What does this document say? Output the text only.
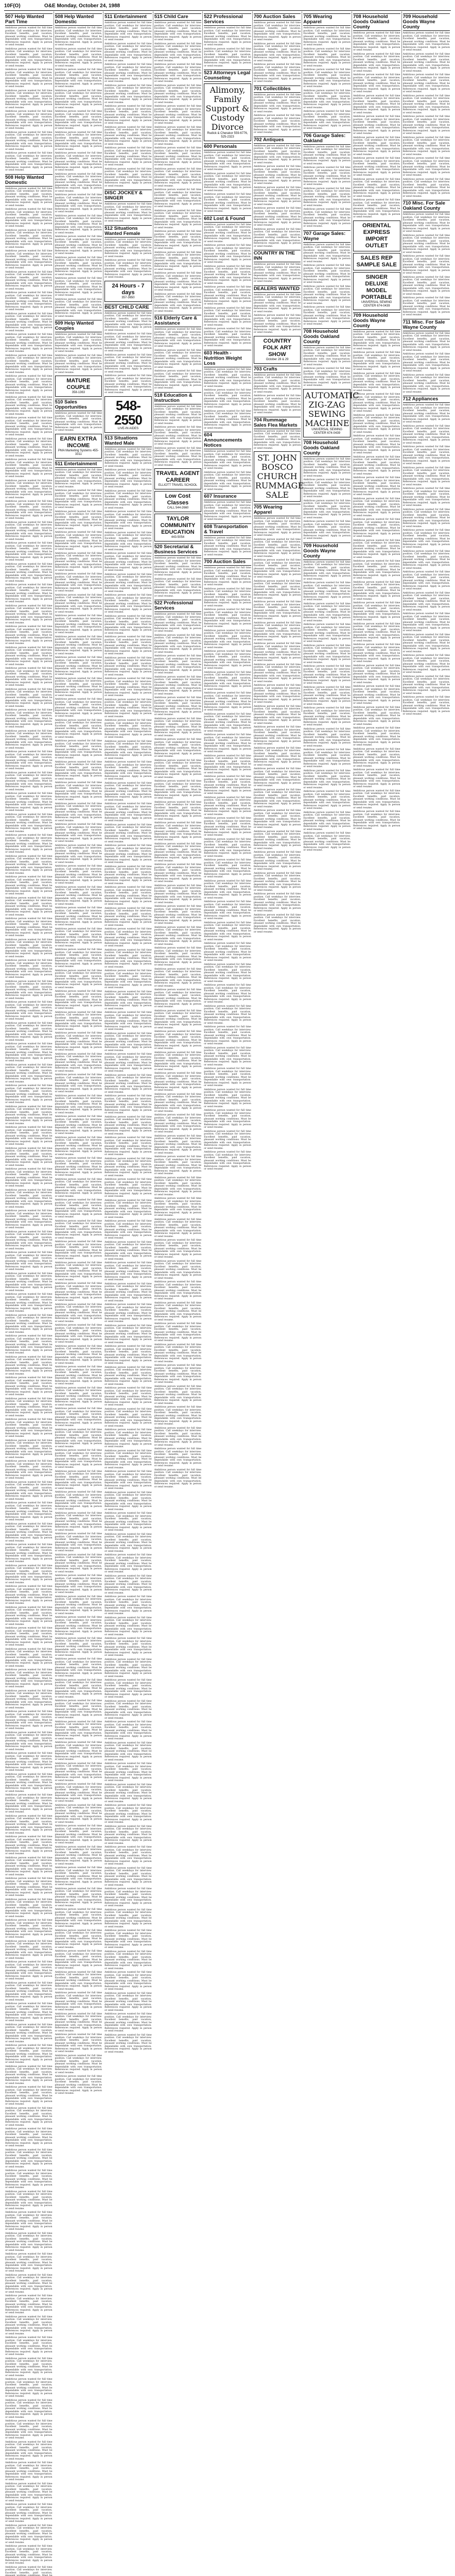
10F(O)	O&E Monday, October 24, 1988
507 Help Wanted Part Time
Ambitious person wanted for full time position. Call weekdays for interview. Excellent benefits, paid vacation, pleasant working conditions. Must be dependable with own transportation. References required. Apply in person or send resume.
Ambitious person wanted for full time position. Call weekdays for interview. Excellent benefits, paid vacation, pleasant working conditions. Must be dependable with own transportation. References required. Apply in person or send resume.
Ambitious person wanted for full time position. Call weekdays for interview. Excellent benefits, paid vacation, pleasant working conditions. Must be dependable with own transportation. References required. Apply in person or send resume.
Ambitious person wanted for full time position. Call weekdays for interview. Excellent benefits, paid vacation, pleasant working conditions. Must be dependable with own transportation. References required. Apply in person or send resume.
Ambitious person wanted for full time position. Call weekdays for interview. Excellent benefits, paid vacation, pleasant working conditions. Must be dependable with own transportation. References required. Apply in person or send resume.
Ambitious person wanted for full time position. Call weekdays for interview. Excellent benefits, paid vacation, pleasant working conditions. Must be dependable with own transportation. References required. Apply in person or send resume.
Ambitious person wanted for full time position. Call weekdays for interview. Excellent benefits, paid vacation, pleasant working conditions. Must be dependable with own transportation. References required. Apply in person or send resume.
508 Help Wanted Domestic
Ambitious person wanted for full time position. Call weekdays for interview. Excellent benefits, paid vacation, pleasant working conditions. Must be dependable with own transportation. References required. Apply in person or send resume.
Ambitious person wanted for full time position. Call weekdays for interview. Excellent benefits, paid vacation, pleasant working conditions. Must be dependable with own transportation. References required. Apply in person or send resume.
Ambitious person wanted for full time position. Call weekdays for interview. Excellent benefits, paid vacation, pleasant working conditions. Must be dependable with own transportation. References required. Apply in person or send resume.
Ambitious person wanted for full time position. Call weekdays for interview. Excellent benefits, paid vacation, pleasant working conditions. Must be dependable with own transportation. References required. Apply in person or send resume.
Ambitious person wanted for full time position. Call weekdays for interview. Excellent benefits, paid vacation, pleasant working conditions. Must be dependable with own transportation. References required. Apply in person or send resume.
Ambitious person wanted for full time position. Call weekdays for interview. Excellent benefits, paid vacation, pleasant working conditions. Must be dependable with own transportation. References required. Apply in person or send resume.
Ambitious person wanted for full time position. Call weekdays for interview. Excellent benefits, paid vacation, pleasant working conditions. Must be dependable with own transportation. References required. Apply in person or send resume.
Ambitious person wanted for full time position. Call weekdays for interview. Excellent benefits, paid vacation, pleasant working conditions. Must be dependable with own transportation. References required. Apply in person or send resume.
Ambitious person wanted for full time position. Call weekdays for interview. Excellent benefits, paid vacation, pleasant working conditions. Must be dependable with own transportation. References required. Apply in person or send resume.
Ambitious person wanted for full time position. Call weekdays for interview. Excellent benefits, paid vacation, pleasant working conditions. Must be dependable with own transportation. References required. Apply in person or send resume.
Ambitious person wanted for full time position. Call weekdays for interview. Excellent benefits, paid vacation, pleasant working conditions. Must be dependable with own transportation. References required. Apply in person or send resume.
Ambitious person wanted for full time position. Call weekdays for interview. Excellent benefits, paid vacation, pleasant working conditions. Must be dependable with own transportation. References required. Apply in person or send resume.
Ambitious person wanted for full time position. Call weekdays for interview. Excellent benefits, paid vacation, pleasant working conditions. Must be dependable with own transportation. References required. Apply in person or send resume.
Ambitious person wanted for full time position. Call weekdays for interview. Excellent benefits, paid vacation, pleasant working conditions. Must be dependable with own transportation. References required. Apply in person or send resume.
Ambitious person wanted for full time position. Call weekdays for interview. Excellent benefits, paid vacation, pleasant working conditions. Must be dependable with own transportation. References required. Apply in person or send resume.
Ambitious person wanted for full time position. Call weekdays for interview. Excellent benefits, paid vacation, pleasant working conditions. Must be dependable with own transportation. References required. Apply in person or send resume.
Ambitious person wanted for full time position. Call weekdays for interview. Excellent benefits, paid vacation, pleasant working conditions. Must be dependable with own transportation. References required. Apply in person or send resume.
Ambitious person wanted for full time position. Call weekdays for interview. Excellent benefits, paid vacation, pleasant working conditions. Must be dependable with own transportation. References required. Apply in person or send resume.
Ambitious person wanted for full time position. Call weekdays for interview. Excellent benefits, paid vacation, pleasant working conditions. Must be dependable with own transportation. References required. Apply in person or send resume.
Ambitious person wanted for full time position. Call weekdays for interview. Excellent benefits, paid vacation, pleasant working conditions. Must be dependable with own transportation. References required. Apply in person or send resume.
Ambitious person wanted for full time position. Call weekdays for interview. Excellent benefits, paid vacation, pleasant working conditions. Must be dependable with own transportation. References required. Apply in person or send resume.
Ambitious person wanted for full time position. Call weekdays for interview. Excellent benefits, paid vacation, pleasant working conditions. Must be dependable with own transportation. References required. Apply in person or send resume.
Ambitious person wanted for full time position. Call weekdays for interview. Excellent benefits, paid vacation, pleasant working conditions. Must be dependable with own transportation. References required. Apply in person or send resume.
Ambitious person wanted for full time position. Call weekdays for interview. Excellent benefits, paid vacation, pleasant working conditions. Must be dependable with own transportation. References required. Apply in person or send resume.
Ambitious person wanted for full time position. Call weekdays for interview. Excellent benefits, paid vacation, pleasant working conditions. Must be dependable with own transportation. References required. Apply in person or send resume.
Ambitious person wanted for full time position. Call weekdays for interview. Excellent benefits, paid vacation, pleasant working conditions. Must be dependable with own transportation. References required. Apply in person or send resume.
Ambitious person wanted for full time position. Call weekdays for interview. Excellent benefits, paid vacation, pleasant working conditions. Must be dependable with own transportation. References required. Apply in person or send resume.
Ambitious person wanted for full time position. Call weekdays for interview. Excellent benefits, paid vacation, pleasant working conditions. Must be dependable with own transportation. References required. Apply in person or send resume.
Ambitious person wanted for full time position. Call weekdays for interview. Excellent benefits, paid vacation, pleasant working conditions. Must be dependable with own transportation. References required. Apply in person or send resume.
Ambitious person wanted for full time position. Call weekdays for interview. Excellent benefits, paid vacation, pleasant working conditions. Must be dependable with own transportation. References required. Apply in person or send resume.
Ambitious person wanted for full time position. Call weekdays for interview. Excellent benefits, paid vacation, pleasant working conditions. Must be dependable with own transportation. References required. Apply in person or send resume.
Ambitious person wanted for full time position. Call weekdays for interview. Excellent benefits, paid vacation, pleasant working conditions. Must be dependable with own transportation. References required. Apply in person or send resume.
Ambitious person wanted for full time position. Call weekdays for interview. Excellent benefits, paid vacation, pleasant working conditions. Must be dependable with own transportation. References required. Apply in person or send resume.
Ambitious person wanted for full time position. Call weekdays for interview. Excellent benefits, paid vacation, pleasant working conditions. Must be dependable with own transportation. References required. Apply in person or send resume.
Ambitious person wanted for full time position. Call weekdays for interview. Excellent benefits, paid vacation, pleasant working conditions. Must be dependable with own transportation. References required. Apply in person or send resume.
Ambitious person wanted for full time position. Call weekdays for interview. Excellent benefits, paid vacation, pleasant working conditions. Must be dependable with own transportation. References required. Apply in person or send resume.
Ambitious person wanted for full time position. Call weekdays for interview. Excellent benefits, paid vacation, pleasant working conditions. Must be dependable with own transportation. References required. Apply in person or send resume.
Ambitious person wanted for full time position. Call weekdays for interview. Excellent benefits, paid vacation, pleasant working conditions. Must be dependable with own transportation. References required. Apply in person or send resume.
Ambitious person wanted for full time position. Call weekdays for interview. Excellent benefits, paid vacation, pleasant working conditions. Must be dependable with own transportation. References required. Apply in person or send resume.
Ambitious person wanted for full time position. Call weekdays for interview. Excellent benefits, paid vacation, pleasant working conditions. Must be dependable with own transportation. References required. Apply in person or send resume.
Ambitious person wanted for full time position. Call weekdays for interview. Excellent benefits, paid vacation, pleasant working conditions. Must be dependable with own transportation. References required. Apply in person or send resume.
Ambitious person wanted for full time position. Call weekdays for interview. Excellent benefits, paid vacation, pleasant working conditions. Must be dependable with own transportation. References required. Apply in person or send resume.
Ambitious person wanted for full time position. Call weekdays for interview. Excellent benefits, paid vacation, pleasant working conditions. Must be dependable with own transportation. References required. Apply in person or send resume.
Ambitious person wanted for full time position. Call weekdays for interview. Excellent benefits, paid vacation, pleasant working conditions. Must be dependable with own transportation. References required. Apply in person or send resume.
Ambitious person wanted for full time position. Call weekdays for interview. Excellent benefits, paid vacation, pleasant working conditions. Must be dependable with own transportation. References required. Apply in person or send resume.
Ambitious person wanted for full time position. Call weekdays for interview. Excellent benefits, paid vacation, pleasant working conditions. Must be dependable with own transportation. References required. Apply in person or send resume.
Ambitious person wanted for full time position. Call weekdays for interview. Excellent benefits, paid vacation, pleasant working conditions. Must be dependable with own transportation. References required. Apply in person or send resume.
Ambitious person wanted for full time position. Call weekdays for interview. Excellent benefits, paid vacation, pleasant working conditions. Must be dependable with own transportation. References required. Apply in person or send resume.
Ambitious person wanted for full time position. Call weekdays for interview. Excellent benefits, paid vacation, pleasant working conditions. Must be dependable with own transportation. References required. Apply in person or send resume.
Ambitious person wanted for full time position. Call weekdays for interview. Excellent benefits, paid vacation, pleasant working conditions. Must be dependable with own transportation. References required. Apply in person or send resume.
Ambitious person wanted for full time position. Call weekdays for interview. Excellent benefits, paid vacation, pleasant working conditions. Must be dependable with own transportation. References required. Apply in person or send resume.
Ambitious person wanted for full time position. Call weekdays for interview. Excellent benefits, paid vacation, pleasant working conditions. Must be dependable with own transportation. References required. Apply in person or send resume.
Ambitious person wanted for full time position. Call weekdays for interview. Excellent benefits, paid vacation, pleasant working conditions. Must be dependable with own transportation. References required. Apply in person or send resume.
Ambitious person wanted for full time position. Call weekdays for interview. Excellent benefits, paid vacation, pleasant working conditions. Must be dependable with own transportation. References required. Apply in person or send resume.
Ambitious person wanted for full time position. Call weekdays for interview. Excellent benefits, paid vacation, pleasant working conditions. Must be dependable with own transportation. References required. Apply in person or send resume.
Ambitious person wanted for full time position. Call weekdays for interview. Excellent benefits, paid vacation, pleasant working conditions. Must be dependable with own transportation. References required. Apply in person or send resume.
Ambitious person wanted for full time position. Call weekdays for interview. Excellent benefits, paid vacation, pleasant working conditions. Must be dependable with own transportation. References required. Apply in person or send resume.
Ambitious person wanted for full time position. Call weekdays for interview. Excellent benefits, paid vacation, pleasant working conditions. Must be dependable with own transportation. References required. Apply in person or send resume.
Ambitious person wanted for full time position. Call weekdays for interview. Excellent benefits, paid vacation, pleasant working conditions. Must be dependable with own transportation. References required. Apply in person or send resume.
Ambitious person wanted for full time position. Call weekdays for interview. Excellent benefits, paid vacation, pleasant working conditions. Must be dependable with own transportation. References required. Apply in person or send resume.
Ambitious person wanted for full time position. Call weekdays for interview. Excellent benefits, paid vacation, pleasant working conditions. Must be dependable with own transportation. References required. Apply in person or send resume.
Ambitious person wanted for full time position. Call weekdays for interview. Excellent benefits, paid vacation, pleasant working conditions. Must be dependable with own transportation. References required. Apply in person or send resume.
Ambitious person wanted for full time position. Call weekdays for interview. Excellent benefits, paid vacation, pleasant working conditions. Must be dependable with own transportation. References required. Apply in person or send resume.
Ambitious person wanted for full time position. Call weekdays for interview. Excellent benefits, paid vacation, pleasant working conditions. Must be dependable with own transportation. References required. Apply in person or send resume.
Ambitious person wanted for full time position. Call weekdays for interview. Excellent benefits, paid vacation, pleasant working conditions. Must be dependable with own transportation. References required. Apply in person or send resume.
Ambitious person wanted for full time position. Call weekdays for interview. Excellent benefits, paid vacation, pleasant working conditions. Must be dependable with own transportation. References required. Apply in person or send resume.
Ambitious person wanted for full time position. Call weekdays for interview. Excellent benefits, paid vacation, pleasant working conditions. Must be dependable with own transportation. References required. Apply in person or send resume.
Ambitious person wanted for full time position. Call weekdays for interview. Excellent benefits, paid vacation, pleasant working conditions. Must be dependable with own transportation. References required. Apply in person or send resume.
Ambitious person wanted for full time position. Call weekdays for interview. Excellent benefits, paid vacation, pleasant working conditions. Must be dependable with own transportation. References required. Apply in person or send resume.
Ambitious person wanted for full time position. Call weekdays for interview. Excellent benefits, paid vacation, pleasant working conditions. Must be dependable with own transportation. References required. Apply in person or send resume.
Ambitious person wanted for full time position. Call weekdays for interview. Excellent benefits, paid vacation, pleasant working conditions. Must be dependable with own transportation. References required. Apply in person or send resume.
Ambitious person wanted for full time position. Call weekdays for interview. Excellent benefits, paid vacation, pleasant working conditions. Must be dependable with own transportation. References required. Apply in person or send resume.
Ambitious person wanted for full time position. Call weekdays for interview. Excellent benefits, paid vacation, pleasant working conditions. Must be dependable with own transportation. References required. Apply in person or send resume.
Ambitious person wanted for full time position. Call weekdays for interview. Excellent benefits, paid vacation, pleasant working conditions. Must be dependable with own transportation. References required. Apply in person or send resume.
Ambitious person wanted for full time position. Call weekdays for interview. Excellent benefits, paid vacation, pleasant working conditions. Must be dependable with own transportation. References required. Apply in person or send resume.
Ambitious person wanted for full time position. Call weekdays for interview. Excellent benefits, paid vacation, pleasant working conditions. Must be dependable with own transportation. References required. Apply in person or send resume.
Ambitious person wanted for full time position. Call weekdays for interview. Excellent benefits, paid vacation, pleasant working conditions. Must be dependable with own transportation. References required. Apply in person or send resume.
Ambitious person wanted for full time position. Call weekdays for interview. Excellent benefits, paid vacation, pleasant working conditions. Must be dependable with own transportation. References required. Apply in person or send resume.
Ambitious person wanted for full time position. Call weekdays for interview. Excellent benefits, paid vacation, pleasant working conditions. Must be dependable with own transportation. References required. Apply in person or send resume.
Ambitious person wanted for full time position. Call weekdays for interview. Excellent benefits, paid vacation, pleasant working conditions. Must be dependable with own transportation. References required. Apply in person or send resume.
Ambitious person wanted for full time position. Call weekdays for interview. Excellent benefits, paid vacation, pleasant working conditions. Must be dependable with own transportation. References required. Apply in person or send resume.
Ambitious person wanted for full time position. Call weekdays for interview. Excellent benefits, paid vacation, pleasant working conditions. Must be dependable with own transportation. References required. Apply in person or send resume.
Ambitious person wanted for full time position. Call weekdays for interview. Excellent benefits, paid vacation, pleasant working conditions. Must be dependable with own transportation. References required. Apply in person or send resume.
Ambitious person wanted for full time position. Call weekdays for interview. Excellent benefits, paid vacation, pleasant working conditions. Must be dependable with own transportation. References required. Apply in person or send resume.
Ambitious person wanted for full time position. Call weekdays for interview. Excellent benefits, paid vacation, pleasant working conditions. Must be dependable with own transportation. References required. Apply in person or send resume.
Ambitious person wanted for full time position. Call weekdays for interview. Excellent benefits, paid vacation, pleasant working conditions. Must be dependable with own transportation. References required. Apply in person or send resume.
Ambitious person wanted for full time position. Call weekdays for interview. Excellent benefits, paid vacation, pleasant working conditions. Must be dependable with own transportation. References required. Apply in person or send resume.
Ambitious person wanted for full time position. Call weekdays for interview. Excellent benefits, paid vacation, pleasant working conditions. Must be dependable with own transportation. References required. Apply in person or send resume.
Ambitious person wanted for full time position. Call weekdays for interview. Excellent benefits, paid vacation, pleasant working conditions. Must be dependable with own transportation. References required. Apply in person or send resume.
Ambitious person wanted for full time position. Call weekdays for interview. Excellent benefits, paid vacation, pleasant working conditions. Must be dependable with own transportation. References required. Apply in person or send resume.
Ambitious person wanted for full time position. Call weekdays for interview. Excellent benefits, paid vacation, pleasant working conditions. Must be dependable with own transportation. References required. Apply in person or send resume.
Ambitious person wanted for full time position. Call weekdays for interview. Excellent benefits, paid vacation, pleasant working conditions. Must be dependable with own transportation. References required. Apply in person or send resume.
Ambitious person wanted for full time position. Call weekdays for interview. Excellent benefits, paid vacation, pleasant working conditions. Must be dependable with own transportation. References required. Apply in person or send resume.
Ambitious person wanted for full time position. Call weekdays for interview. Excellent benefits, paid vacation, pleasant working conditions. Must be dependable with own transportation. References required. Apply in person or send resume.
Ambitious person wanted for full time position. Call weekdays for interview. Excellent benefits, paid vacation, pleasant working conditions. Must be dependable with own transportation. References required. Apply in person or send resume.
Ambitious person wanted for full time position. Call weekdays for interview. Excellent benefits, paid vacation, pleasant working conditions. Must be dependable with own transportation. References required. Apply in person or send resume.
Ambitious person wanted for full time position. Call weekdays for interview. Excellent benefits, paid vacation, pleasant working conditions. Must be dependable with own transportation. References required. Apply in person or send resume.
Ambitious person wanted for full time position. Call weekdays for interview. Excellent benefits, paid vacation, pleasant working conditions. Must be dependable with own transportation. References required. Apply in person or send resume.
Ambitious person wanted for full time position. Call weekdays for interview. Excellent benefits, paid vacation, pleasant working conditions. Must be dependable with own transportation. References required. Apply in person or send resume.
Ambitious person wanted for full time position. Call weekdays for interview. Excellent benefits, paid vacation, pleasant working conditions. Must be dependable with own transportation. References required. Apply in person or send resume.
Ambitious person wanted for full time position. Call weekdays for interview. Excellent benefits, paid vacation, pleasant working conditions. Must be dependable with own transportation. References required. Apply in person or send resume.
Ambitious person wanted for full time position. Call weekdays for interview. Excellent benefits, paid vacation, pleasant working conditions. Must be dependable with own transportation. References required. Apply in person or send resume.
Ambitious person wanted for full time position. Call weekdays for interview. Excellent benefits, paid vacation, pleasant working conditions. Must be dependable with own transportation. References required. Apply in person or send resume.
Ambitious person wanted for full time position. Call weekdays for interview. Excellent benefits, paid vacation, pleasant working conditions. Must be dependable with own transportation. References required. Apply in person or send resume.
Ambitious person wanted for full time position. Call weekdays for interview. Excellent benefits, paid vacation, pleasant working conditions. Must be dependable with own transportation. References required. Apply in person or send resume.
Ambitious person wanted for full time position. Call weekdays for interview. Excellent benefits, paid vacation, pleasant working conditions. Must be dependable with own transportation. References required. Apply in person or send resume.
Ambitious person wanted for full time position. Call weekdays for interview. Excellent benefits, paid vacation, pleasant working conditions. Must be dependable with own transportation. References required. Apply in person or send resume.
Ambitious person wanted for full time position. Call weekdays for interview. Excellent benefits, paid vacation, pleasant working conditions. Must be dependable with own transportation. References required. Apply in person or send resume.
Ambitious person wanted for full time position. Call weekdays for interview. Excellent benefits, paid vacation, pleasant working conditions. Must be dependable with own transportation. References required. Apply in person or send resume.
Ambitious person wanted for full time position. Call weekdays for interview. Excellent benefits, paid vacation, pleasant working conditions. Must be dependable with own transportation. References required. Apply in person or send resume.
Ambitious person wanted for full time position. Call weekdays for interview. Excellent benefits, paid vacation, pleasant working conditions. Must be dependable with own transportation. References required. Apply in person or send resume.
Ambitious person wanted for full time position. Call weekdays for interview. Excellent benefits, paid vacation, pleasant working conditions. Must be dependable with own transportation. References required. Apply in person or send resume.
Ambitious person wanted for full time position. Call weekdays for interview. Excellent benefits, paid vacation, pleasant working conditions. Must be dependable with own transportation. References required. Apply in person or send resume.
Ambitious person wanted for full time position. Call weekdays for interview. Excellent benefits, paid vacation, pleasant working conditions. Must be dependable with own transportation. References required. Apply in person or send resume.
Ambitious person wanted for full time position. Call weekdays for interview. Excellent benefits, paid vacation, pleasant working conditions. Must be
508 Help Wanted Domestic
Ambitious person wanted for full time position. Call weekdays for interview. Excellent benefits, paid vacation, pleasant working conditions. Must be dependable with own transportation. References required. Apply in person or send resume.
Ambitious person wanted for full time position. Call weekdays for interview. Excellent benefits, paid vacation, pleasant working conditions. Must be dependable with own transportation. References required. Apply in person or send resume.
Ambitious person wanted for full time position. Call weekdays for interview. Excellent benefits, paid vacation, pleasant working conditions. Must be dependable with own transportation. References required. Apply in person or send resume.
Ambitious person wanted for full time position. Call weekdays for interview. Excellent benefits, paid vacation, pleasant working conditions. Must be dependable with own transportation. References required. Apply in person or send resume.
Ambitious person wanted for full time position. Call weekdays for interview. Excellent benefits, paid vacation, pleasant working conditions. Must be dependable with own transportation. References required. Apply in person or send resume.
Ambitious person wanted for full time position. Call weekdays for interview. Excellent benefits, paid vacation, pleasant working conditions. Must be dependable with own transportation. References required. Apply in person or send resume.
Ambitious person wanted for full time position. Call weekdays for interview. Excellent benefits, paid vacation, pleasant working conditions. Must be dependable with own transportation. References required. Apply in person or send resume.
Ambitious person wanted for full time position. Call weekdays for interview. Excellent benefits, paid vacation, pleasant working conditions. Must be dependable with own transportation. References required. Apply in person or send resume.
Ambitious person wanted for full time position. Call weekdays for interview. Excellent benefits, paid vacation, pleasant working conditions. Must be dependable with own transportation. References required. Apply in person or send resume.
Ambitious person wanted for full time position. Call weekdays for interview. Excellent benefits, paid vacation, pleasant working conditions. Must be dependable with own transportation. References required. Apply in person or send resume.
Ambitious person wanted for full time position. Call weekdays for interview. Excellent benefits, paid vacation, pleasant working conditions. Must be dependable with own transportation. References required. Apply in person or send resume.
Ambitious person wanted for full time position. Call weekdays for interview. Excellent benefits, paid vacation, pleasant working conditions. Must be dependable with own transportation. References required. Apply in person or send resume.
Ambitious person wanted for full time position. Call weekdays for interview. Excellent benefits, paid vacation, pleasant working conditions. Must be dependable with own transportation. References required. Apply in person or send resume.
Ambitious person wanted for full time position. Call weekdays for interview. Excellent benefits, paid vacation, pleasant working conditions. Must be dependable with own transportation. References required. Apply in person or send resume.
509 Help Wanted Couples
Ambitious person wanted for full time position. Call weekdays for interview. Excellent benefits, paid vacation, pleasant working conditions. Must be dependable with own transportation. References required. Apply in person or send resume.
Ambitious person wanted for full time position. Call weekdays for interview. Excellent benefits, paid vacation, pleasant working conditions. Must be dependable with own transportation. References required. Apply in person or send resume.
MATURE COUPLE
358-1363
510 Sales Opportunities
Ambitious person wanted for full time position. Call weekdays for interview. Excellent benefits, paid vacation, pleasant working conditions. Must be dependable with own transportation. References required. Apply in person or send resume.
EARN EXTRA INCOME
PMA Marketing Systems 455-3311
511 Entertainment
Ambitious person wanted for full time position. Call weekdays for interview. Excellent benefits, paid vacation, pleasant working conditions. Must be dependable with own transportation. References required. Apply in person or send resume.
Ambitious person wanted for full time position. Call weekdays for interview. Excellent benefits, paid vacation, pleasant working conditions. Must be dependable with own transportation. References required. Apply in person or send resume.
Ambitious person wanted for full time position. Call weekdays for interview. Excellent benefits, paid vacation, pleasant working conditions. Must be dependable with own transportation. References required. Apply in person or send resume.
Ambitious person wanted for full time position. Call weekdays for interview. Excellent benefits, paid vacation, pleasant working conditions. Must be dependable with own transportation. References required. Apply in person or send resume.
Ambitious person wanted for full time position. Call weekdays for interview. Excellent benefits, paid vacation, pleasant working conditions. Must be dependable with own transportation. References required. Apply in person or send resume.
Ambitious person wanted for full time position. Call weekdays for interview. Excellent benefits, paid vacation, pleasant working conditions. Must be dependable with own transportation. References required. Apply in person or send resume.
Ambitious person wanted for full time position. Call weekdays for interview. Excellent benefits, paid vacation, pleasant working conditions. Must be dependable with own transportation. References required. Apply in person or send resume.
Ambitious person wanted for full time position. Call weekdays for interview. Excellent benefits, paid vacation, pleasant working conditions. Must be dependable with own transportation. References required. Apply in person or send resume.
Ambitious person wanted for full time position. Call weekdays for interview. Excellent benefits, paid vacation, pleasant working conditions. Must be dependable with own transportation. References required. Apply in person or send resume.
Ambitious person wanted for full time position. Call weekdays for interview. Excellent benefits, paid vacation, pleasant working conditions. Must be dependable with own transportation. References required. Apply in person or send resume.
Ambitious person wanted for full time position. Call weekdays for interview. Excellent benefits, paid vacation, pleasant working conditions. Must be dependable with own transportation. References required. Apply in person or send resume.
Ambitious person wanted for full time position. Call weekdays for interview. Excellent benefits, paid vacation, pleasant working conditions. Must be dependable with own transportation. References required. Apply in person or send resume.
Ambitious person wanted for full time position. Call weekdays for interview. Excellent benefits, paid vacation, pleasant working conditions. Must be dependable with own transportation. References required. Apply in person or send resume.
Ambitious person wanted for full time position. Call weekdays for interview. Excellent benefits, paid vacation, pleasant working conditions. Must be dependable with own transportation. References required. Apply in person or send resume.
Ambitious person wanted for full time position. Call weekdays for interview. Excellent benefits, paid vacation, pleasant working conditions. Must be dependable with own transportation. References required. Apply in person or send resume.
Ambitious person wanted for full time position. Call weekdays for interview. Excellent benefits, paid vacation, pleasant working conditions. Must be dependable with own transportation. References required. Apply in person or send resume.
Ambitious person wanted for full time position. Call weekdays for interview. Excellent benefits, paid vacation, pleasant working conditions. Must be dependable with own transportation. References required. Apply in person or send resume.
Ambitious person wanted for full time position. Call weekdays for interview. Excellent benefits, paid vacation, pleasant working conditions. Must be dependable with own transportation. References required. Apply in person or send resume.
Ambitious person wanted for full time position. Call weekdays for interview. Excellent benefits, paid vacation, pleasant working conditions. Must be dependable with own transportation. References required. Apply in person or send resume.
Ambitious person wanted for full time position. Call weekdays for interview. Excellent benefits, paid vacation, pleasant working conditions. Must be dependable with own transportation. References required. Apply in person or send resume.
Ambitious person wanted for full time position. Call weekdays for interview. Excellent benefits, paid vacation, pleasant working conditions. Must be dependable with own transportation. References required. Apply in person or send resume.
Ambitious person wanted for full time position. Call weekdays for interview. Excellent benefits, paid vacation, pleasant working conditions. Must be dependable with own transportation. References required. Apply in person or send resume.
Ambitious person wanted for full time position. Call weekdays for interview. Excellent benefits, paid vacation, pleasant working conditions. Must be dependable with own transportation. References required. Apply in person or send resume.
Ambitious person wanted for full time position. Call weekdays for interview. Excellent benefits, paid vacation, pleasant working conditions. Must be dependable with own transportation. References required. Apply in person or send resume.
Ambitious person wanted for full time position. Call weekdays for interview. Excellent benefits, paid vacation, pleasant working conditions. Must be dependable with own transportation. References required. Apply in person or send resume.
Ambitious person wanted for full time position. Call weekdays for interview. Excellent benefits, paid vacation, pleasant working conditions. Must be dependable with own transportation. References required. Apply in person or send resume.
Ambitious person wanted for full time position. Call weekdays for interview. Excellent benefits, paid vacation, pleasant working conditions. Must be dependable with own transportation. References required. Apply in person or send resume.
Ambitious person wanted for full time position. Call weekdays for interview. Excellent benefits, paid vacation, pleasant working conditions. Must be dependable with own transportation. References required. Apply in person or send resume.
Ambitious person wanted for full time position. Call weekdays for interview. Excellent benefits, paid vacation, pleasant working conditions. Must be dependable with own transportation. References required. Apply in person or send resume.
Ambitious person wanted for full time position. Call weekdays for interview. Excellent benefits, paid vacation, pleasant working conditions. Must be dependable with own transportation. References required. Apply in person or send resume.
Ambitious person wanted for full time position. Call weekdays for interview. Excellent benefits, paid vacation, pleasant working conditions. Must be dependable with own transportation. References required. Apply in person or send resume.
Ambitious person wanted for full time position. Call weekdays for interview. Excellent benefits, paid vacation, pleasant working conditions. Must be dependable with own transportation. References required. Apply in person or send resume.
Ambitious person wanted for full time position. Call weekdays for interview. Excellent benefits, paid vacation, pleasant working conditions. Must be dependable with own transportation. References required. Apply in person or send resume.
Ambitious person wanted for full time position. Call weekdays for interview. Excellent benefits, paid vacation, pleasant working conditions. Must be dependable with own transportation. References required. Apply in person or send resume.
Ambitious person wanted for full time position. Call weekdays for interview. Excellent benefits, paid vacation, pleasant working conditions. Must be dependable with own transportation. References required. Apply in person or send resume.
Ambitious person wanted for full time position. Call weekdays for interview. Excellent benefits, paid vacation, pleasant working conditions. Must be dependable with own transportation. References required. Apply in person or send resume.
Ambitious person wanted for full time position. Call weekdays for interview. Excellent benefits, paid vacation, pleasant working conditions. Must be dependable with own transportation. References required. Apply in person or send resume.
Ambitious person wanted for full time position. Call weekdays for interview. Excellent benefits, paid vacation, pleasant working conditions. Must be dependable with own transportation. References required. Apply in person or send resume.
Ambitious person wanted for full time position. Call weekdays for interview. Excellent benefits, paid vacation, pleasant working conditions. Must be dependable with own transportation. References required. Apply in person or send resume.
Ambitious person wanted for full time position. Call weekdays for interview. Excellent benefits, paid vacation, pleasant working conditions. Must be dependable with own transportation. References required. Apply in person or send resume.
Ambitious person wanted for full time position. Call weekdays for interview. Excellent benefits, paid vacation, pleasant working conditions. Must be dependable with own transportation. References required. Apply in person or send resume.
Ambitious person wanted for full time position. Call weekdays for interview. Excellent benefits, paid vacation, pleasant working conditions. Must be dependable with own transportation. References required. Apply in person or send resume.
Ambitious person wanted for full time position. Call weekdays for interview. Excellent benefits, paid vacation, pleasant working conditions. Must be dependable with own transportation. References required. Apply in person or send resume.
Ambitious person wanted for full time position. Call weekdays for interview. Excellent benefits, paid vacation, pleasant working conditions. Must be dependable with own transportation. References required. Apply in person or send resume.
Ambitious person wanted for full time position. Call weekdays for interview. Excellent benefits, paid vacation, pleasant working conditions. Must be dependable with own transportation. References required. Apply in person or send resume.
Ambitious person wanted for full time position. Call weekdays for interview. Excellent benefits, paid vacation, pleasant working conditions. Must be dependable with own transportation. References required. Apply in person or send resume.
Ambitious person wanted for full time position. Call weekdays for interview. Excellent benefits, paid vacation, pleasant working conditions. Must be dependable with own transportation. References required. Apply in person or send resume.
Ambitious person wanted for full time position. Call weekdays for interview. Excellent benefits, paid vacation, pleasant working conditions. Must be dependable with own transportation. References required. Apply in person or send resume.
Ambitious person wanted for full time position. Call weekdays for interview. Excellent benefits, paid vacation, pleasant working conditions. Must be dependable with own transportation. References required. Apply in person or send resume.
Ambitious person wanted for full time position. Call weekdays for interview. Excellent benefits, paid vacation, pleasant working conditions. Must be dependable with own transportation. References required. Apply in person or send resume.
Ambitious person wanted for full time position. Call weekdays for interview. Excellent benefits, paid vacation, pleasant working conditions. Must be dependable with own transportation. References required. Apply in person or send resume.
Ambitious person wanted for full time position. Call weekdays for interview. Excellent benefits, paid vacation, pleasant working conditions. Must be dependable with own transportation. References required. Apply in person or send resume.
Ambitious person wanted for full time position. Call weekdays for interview. Excellent benefits, paid vacation, pleasant working conditions. Must be dependable with own transportation. References required. Apply in person or send resume.
Ambitious person wanted for full time position. Call weekdays for interview. Excellent benefits, paid vacation, pleasant working conditions. Must be dependable with own transportation. References required. Apply in person or send resume.
Ambitious person wanted for full time position. Call weekdays for interview. Excellent benefits, paid vacation, pleasant working conditions. Must be dependable with own transportation. References required. Apply in person or send resume.
Ambitious person wanted for full time position. Call weekdays for interview. Excellent benefits, paid vacation, pleasant working conditions. Must be dependable with own transportation. References required. Apply in person or send resume.
Ambitious person wanted for full time position. Call weekdays for interview. Excellent benefits, paid vacation, pleasant working conditions. Must be dependable with own transportation. References required. Apply in person or send resume.
Ambitious person wanted for full time position. Call weekdays for interview. Excellent benefits, paid vacation, pleasant working conditions. Must be dependable with own transportation. References required. Apply in person or send resume.
Ambitious person wanted for full time position. Call weekdays for interview. Excellent benefits, paid vacation, pleasant working conditions. Must be dependable with own transportation. References required. Apply in person or send resume.
Ambitious person wanted for full time position. Call weekdays for interview. Excellent benefits, paid vacation, pleasant working conditions. Must be dependable with own transportation. References required. Apply in person or send resume.
Ambitious person wanted for full time position. Call weekdays for interview. Excellent benefits, paid vacation, pleasant working conditions. Must be dependable with own transportation. References required. Apply in person or send resume.
Ambitious person wanted for full time position. Call weekdays for interview. Excellent benefits, paid vacation, pleasant working conditions. Must be dependable with own transportation. References required. Apply in person or send resume.
Ambitious person wanted for full time position. Call weekdays for interview. Excellent benefits, paid vacation, pleasant working conditions. Must be dependable with own transportation. References required. Apply in person or send resume.
Ambitious person wanted for full time position. Call weekdays for interview. Excellent benefits, paid vacation, pleasant working conditions. Must be dependable with own transportation. References required. Apply in person or send resume.
Ambitious person wanted for full time position. Call weekdays for interview. Excellent benefits, paid vacation, pleasant working conditions. Must be dependable with own transportation. References required. Apply in person or send resume.
Ambitious person wanted for full time position. Call weekdays for interview. Excellent benefits, paid vacation, pleasant working conditions. Must be dependable with own transportation. References required. Apply in person or send resume.
Ambitious person wanted for full time position. Call weekdays for interview. Excellent benefits, paid vacation, pleasant working conditions. Must be dependable with own transportation. References required. Apply in person or send resume.
Ambitious person wanted for full time position. Call weekdays for interview. Excellent benefits, paid vacation, pleasant working conditions. Must be dependable with own transportation. References required. Apply in person or send resume.
Ambitious person wanted for full time position. Call weekdays for interview. Excellent benefits, paid vacation, pleasant working conditions. Must be dependable with own transportation. References required. Apply in person or send resume.
Ambitious person wanted for full time position. Call weekdays for interview. Excellent benefits, paid vacation, pleasant working conditions. Must be dependable with own transportation. References required. Apply in person or send resume.
Ambitious person wanted for full time position. Call weekdays for interview. Excellent benefits, paid vacation, pleasant working conditions. Must be dependable with own transportation. References required. Apply in person or send resume.
Ambitious person wanted for full time position. Call weekdays for interview. Excellent benefits, paid vacation, pleasant working conditions. Must be dependable with own transportation. References required. Apply in person or send resume.
Ambitious person wanted for full time position. Call weekdays for interview. Excellent benefits, paid vacation, pleasant working conditions. Must be dependable with own transportation. References required. Apply in person or send resume.
Ambitious person wanted for full time position. Call weekdays for interview. Excellent benefits, paid vacation, pleasant working conditions. Must be dependable with own transportation. References required. Apply in person or send resume.
Ambitious person wanted for full time position. Call weekdays for interview. Excellent benefits, paid vacation, pleasant working conditions. Must be dependable with own transportation. References required. Apply in person or send resume.
Ambitious person wanted for full time position. Call weekdays for interview. Excellent benefits, paid vacation, pleasant working conditions. Must be dependable with own transportation. References required. Apply in person or send resume.
Ambitious person wanted for full time position. Call weekdays for interview. Excellent benefits, paid vacation, pleasant working conditions. Must be dependable with own transportation. References required. Apply in person or send resume.
Ambitious person wanted for full time position. Call weekdays for interview. Excellent benefits, paid vacation, pleasant working conditions. Must be dependable with own transportation. References required. Apply in person or send resume.
511 Entertainment
Ambitious person wanted for full time position. Call weekdays for interview. Excellent benefits, paid vacation, pleasant working conditions. Must be dependable with own transportation. References required. Apply in person or send resume.
Ambitious person wanted for full time position. Call weekdays for interview. Excellent benefits, paid vacation, pleasant working conditions. Must be dependable with own transportation. References required. Apply in person or send resume.
Ambitious person wanted for full time position. Call weekdays for interview. Excellent benefits, paid vacation, pleasant working conditions. Must be dependable with own transportation. References required. Apply in person or send resume.
Ambitious person wanted for full time position. Call weekdays for interview. Excellent benefits, paid vacation, pleasant working conditions. Must be dependable with own transportation. References required. Apply in person or send resume.
Ambitious person wanted for full time position. Call weekdays for interview. Excellent benefits, paid vacation, pleasant working conditions. Must be dependable with own transportation. References required. Apply in person or send resume.
Ambitious person wanted for full time position. Call weekdays for interview. Excellent benefits, paid vacation, pleasant working conditions. Must be dependable with own transportation. References required. Apply in person or send resume.
Ambitious person wanted for full time position. Call weekdays for interview. Excellent benefits, paid vacation, pleasant working conditions. Must be dependable with own transportation. References required. Apply in person or send resume.
Ambitious person wanted for full time position. Call weekdays for interview. Excellent benefits, paid vacation, pleasant working conditions. Must be dependable with own transportation. References required. Apply in person or send resume.
DISC JOCKEY & SINGER
Ambitious person wanted for full time position. Call weekdays for interview. Excellent benefits, paid vacation, pleasant working conditions. Must be dependable with own transportation. References required. Apply in person or send resume.
512 Situations Wanted Female
Ambitious person wanted for full time position. Call weekdays for interview. Excellent benefits, paid vacation, pleasant working conditions. Must be dependable with own transportation. References required. Apply in person or send resume.
Ambitious person wanted for full time position. Call weekdays for interview. Excellent benefits, paid vacation, pleasant working conditions. Must be dependable with own transportation. References required. Apply in person or send resume.
24 Hours - 7 days
357-3650
BEST CHILD CARE
Ambitious person wanted for full time position. Call weekdays for interview. Excellent benefits, paid vacation, pleasant working conditions. Must be dependable with own transportation. References required. Apply in person or send resume.
Ambitious person wanted for full time position. Call weekdays for interview. Excellent benefits, paid vacation, pleasant working conditions. Must be dependable with own transportation. References required. Apply in person or send resume.
Ambitious person wanted for full time position. Call weekdays for interview. Excellent benefits, paid vacation, pleasant working conditions. Must be dependable with own transportation. References required. Apply in person or send resume.
Ambitious person wanted for full time position. Call weekdays for interview. Excellent benefits, paid vacation, pleasant working conditions. Must be dependable with own transportation. References required. Apply in person or send resume.
548-2550
LIVE-IN AIDES
513 Situations Wanted Male
Ambitious person wanted for full time position. Call weekdays for interview. Excellent benefits, paid vacation, pleasant working conditions. Must be dependable with own transportation. References required. Apply in person or send resume.
Ambitious person wanted for full time position. Call weekdays for interview. Excellent benefits, paid vacation, pleasant working conditions. Must be dependable with own transportation. References required. Apply in person or send resume.
Ambitious person wanted for full time position. Call weekdays for interview. Excellent benefits, paid vacation, pleasant working conditions. Must be dependable with own transportation. References required. Apply in person or send resume.
Ambitious person wanted for full time position. Call weekdays for interview. Excellent benefits, paid vacation, pleasant working conditions. Must be dependable with own transportation. References required. Apply in person or send resume.
Ambitious person wanted for full time position. Call weekdays for interview. Excellent benefits, paid vacation, pleasant working conditions. Must be dependable with own transportation. References required. Apply in person or send resume.
Ambitious person wanted for full time position. Call weekdays for interview. Excellent benefits, paid vacation, pleasant working conditions. Must be dependable with own transportation. References required. Apply in person or send resume.
Ambitious person wanted for full time position. Call weekdays for interview. Excellent benefits, paid vacation, pleasant working conditions. Must be dependable with own transportation. References required. Apply in person or send resume.
Ambitious person wanted for full time position. Call weekdays for interview. Excellent benefits, paid vacation, pleasant working conditions. Must be dependable with own transportation. References required. Apply in person or send resume.
Ambitious person wanted for full time position. Call weekdays for interview. Excellent benefits, paid vacation, pleasant working conditions. Must be dependable with own transportation. References required. Apply in person or send resume.
Ambitious person wanted for full time position. Call weekdays for interview. Excellent benefits, paid vacation, pleasant working conditions. Must be dependable with own transportation. References required. Apply in person or send resume.
Ambitious person wanted for full time position. Call weekdays for interview. Excellent benefits, paid vacation, pleasant working conditions. Must be dependable with own transportation. References required. Apply in person or send resume.
Ambitious person wanted for full time position. Call weekdays for interview. Excellent benefits, paid vacation, pleasant working conditions. Must be dependable with own transportation. References required. Apply in person or send resume.
Ambitious person wanted for full time position. Call weekdays for interview. Excellent benefits, paid vacation, pleasant working conditions. Must be dependable with own transportation. References required. Apply in person or send resume.
Ambitious person wanted for full time position. Call weekdays for interview. Excellent benefits, paid vacation, pleasant working conditions. Must be dependable with own transportation. References required. Apply in person or send resume.
Ambitious person wanted for full time position. Call weekdays for interview. Excellent benefits, paid vacation, pleasant working conditions. Must be dependable with own transportation. References required. Apply in person or send resume.
Ambitious person wanted for full time position. Call weekdays for interview. Excellent benefits, paid vacation, pleasant working conditions. Must be dependable with own transportation. References required. Apply in person or send resume.
Ambitious person wanted for full time position. Call weekdays for interview. Excellent benefits, paid vacation, pleasant working conditions. Must be dependable with own transportation. References required. Apply in person or send resume.
Ambitious person wanted for full time position. Call weekdays for interview. Excellent benefits, paid vacation, pleasant working conditions. Must be dependable with own transportation. References required. Apply in person or send resume.
Ambitious person wanted for full time position. Call weekdays for interview. Excellent benefits, paid vacation, pleasant working conditions. Must be dependable with own transportation. References required. Apply in person or send resume.
Ambitious person wanted for full time position. Call weekdays for interview. Excellent benefits, paid vacation, pleasant working conditions. Must be dependable with own transportation. References required. Apply in person or send resume.
Ambitious person wanted for full time position. Call weekdays for interview. Excellent benefits, paid vacation, pleasant working conditions. Must be dependable with own transportation. References required. Apply in person or send resume.
Ambitious person wanted for full time position. Call weekdays for interview. Excellent benefits, paid vacation, pleasant working conditions. Must be dependable with own transportation. References required. Apply in person or send resume.
Ambitious person wanted for full time position. Call weekdays for interview. Excellent benefits, paid vacation, pleasant working conditions. Must be dependable with own transportation. References required. Apply in person or send resume.
Ambitious person wanted for full time position. Call weekdays for interview. Excellent benefits, paid vacation, pleasant working conditions. Must be dependable with own transportation. References required. Apply in person or send resume.
Ambitious person wanted for full time position. Call weekdays for interview. Excellent benefits, paid vacation, pleasant working conditions. Must be dependable with own transportation. References required. Apply in person or send resume.
Ambitious person wanted for full time position. Call weekdays for interview. Excellent benefits, paid vacation, pleasant working conditions. Must be dependable with own transportation. References required. Apply in person or send resume.
Ambitious person wanted for full time position. Call weekdays for interview. Excellent benefits, paid vacation, pleasant working conditions. Must be dependable with own transportation. References required. Apply in person or send resume.
Ambitious person wanted for full time position. Call weekdays for interview. Excellent benefits, paid vacation, pleasant working conditions. Must be dependable with own transportation. References required. Apply in person or send resume.
Ambitious person wanted for full time position. Call weekdays for interview. Excellent benefits, paid vacation, pleasant working conditions. Must be dependable with own transportation. References required. Apply in person or send resume.
Ambitious person wanted for full time position. Call weekdays for interview. Excellent benefits, paid vacation, pleasant working conditions. Must be dependable with own transportation. References required. Apply in person or send resume.
Ambitious person wanted for full time position. Call weekdays for interview. Excellent benefits, paid vacation, pleasant working conditions. Must be dependable with own transportation. References required. Apply in person or send resume.
Ambitious person wanted for full time position. Call weekdays for interview. Excellent benefits, paid vacation, pleasant working conditions. Must be dependable with own transportation. References required. Apply in person or send resume.
Ambitious person wanted for full time position. Call weekdays for interview. Excellent benefits, paid vacation, pleasant working conditions. Must be dependable with own transportation. References required. Apply in person or send resume.
Ambitious person wanted for full time position. Call weekdays for interview. Excellent benefits, paid vacation, pleasant working conditions. Must be dependable with own transportation. References required. Apply in person or send resume.
Ambitious person wanted for full time position. Call weekdays for interview. Excellent benefits, paid vacation, pleasant working conditions. Must be dependable with own transportation. References required. Apply in person or send resume.
Ambitious person wanted for full time position. Call weekdays for interview. Excellent benefits, paid vacation, pleasant working conditions. Must be dependable with own transportation. References required. Apply in person or send resume.
Ambitious person wanted for full time position. Call weekdays for interview. Excellent benefits, paid vacation, pleasant working conditions. Must be dependable with own transportation. References required. Apply in person or send resume.
Ambitious person wanted for full time position. Call weekdays for interview. Excellent benefits, paid vacation, pleasant working conditions. Must be dependable with own transportation. References required. Apply in person or send resume.
Ambitious person wanted for full time position. Call weekdays for interview. Excellent benefits, paid vacation, pleasant working conditions. Must be dependable with own transportation. References required. Apply in person or send resume.
Ambitious person wanted for full time position. Call weekdays for interview. Excellent benefits, paid vacation, pleasant working conditions. Must be dependable with own transportation. References required. Apply in person or send resume.
Ambitious person wanted for full time position. Call weekdays for interview. Excellent benefits, paid vacation, pleasant working conditions. Must be dependable with own transportation. References required. Apply in person or send resume.
Ambitious person wanted for full time position. Call weekdays for interview. Excellent benefits, paid vacation, pleasant working conditions. Must be dependable with own transportation. References required. Apply in person or send resume.
Ambitious person wanted for full time position. Call weekdays for interview. Excellent benefits, paid vacation, pleasant working conditions. Must be dependable with own transportation. References required. Apply in person or send resume.
Ambitious person wanted for full time position. Call weekdays for interview. Excellent benefits, paid vacation, pleasant working conditions. Must be dependable with own transportation. References required. Apply in person or send resume.
Ambitious person wanted for full time position. Call weekdays for interview. Excellent benefits, paid vacation, pleasant working conditions. Must be dependable with own transportation. References required. Apply in person or send resume.
Ambitious person wanted for full time position. Call weekdays for interview. Excellent benefits, paid vacation, pleasant working conditions. Must be dependable with own transportation. References required. Apply in person or send resume.
Ambitious person wanted for full time position. Call weekdays for interview. Excellent benefits, paid vacation, pleasant working conditions. Must be dependable with own transportation. References required. Apply in person or send resume.
Ambitious person wanted for full time position. Call weekdays for interview. Excellent benefits, paid vacation, pleasant working conditions. Must be dependable with own transportation. References required. Apply in person or send resume.
Ambitious person wanted for full time position. Call weekdays for interview. Excellent benefits, paid vacation, pleasant working conditions. Must be dependable with own transportation. References required. Apply in person or send resume.
Ambitious person wanted for full time position. Call weekdays for interview. Excellent benefits, paid vacation, pleasant working conditions. Must be dependable with own transportation. References required. Apply in person or send resume.
Ambitious person wanted for full time position. Call weekdays for interview. Excellent benefits, paid vacation, pleasant working conditions. Must be dependable with own transportation. References required. Apply in person or send resume.
Ambitious person wanted for full time position. Call weekdays for interview. Excellent benefits, paid vacation, pleasant working conditions. Must be dependable with own transportation. References required. Apply in person or send resume.
Ambitious person wanted for full time position. Call weekdays for interview. Excellent benefits, paid vacation, pleasant working conditions. Must be dependable with own transportation. References required. Apply in person or send resume.
Ambitious person wanted for full time position. Call weekdays for interview. Excellent benefits, paid vacation, pleasant working conditions. Must be dependable with own transportation. References required. Apply in person or send resume.
Ambitious person wanted for full time position. Call weekdays for interview. Excellent benefits, paid vacation, pleasant working conditions. Must be dependable with own transportation. References required. Apply in person or send resume.
Ambitious person wanted for full time position. Call weekdays for interview. Excellent benefits, paid vacation, pleasant working conditions. Must be dependable with own transportation. References required. Apply in person or send resume.
Ambitious person wanted for full time position. Call weekdays for interview. Excellent benefits, paid vacation, pleasant working conditions. Must be dependable with own transportation. References required. Apply in person or send resume.
Ambitious person wanted for full time position. Call weekdays for interview. Excellent benefits, paid vacation, pleasant working conditions. Must be dependable with own transportation. References required. Apply in person or send resume.
Ambitious person wanted for full time position. Call weekdays for interview. Excellent benefits, paid vacation, pleasant working conditions. Must be dependable with own transportation. References required. Apply in person or send resume.
Ambitious person wanted for full time position. Call weekdays for interview. Excellent benefits, paid vacation, pleasant working conditions. Must be dependable with own transportation. References required. Apply in person or send resume.
Ambitious person wanted for full time position. Call weekdays for interview. Excellent benefits, paid vacation, pleasant working conditions. Must be dependable with own transportation. References required. Apply in person or send resume.
Ambitious person wanted for full time position. Call weekdays for interview. Excellent benefits, paid vacation, pleasant working conditions. Must be dependable with own transportation. References required. Apply in person or send resume.
Ambitious person wanted for full time position. Call weekdays for interview. Excellent benefits, paid vacation, pleasant working conditions. Must be dependable with own transportation. References required. Apply in person or send resume.
Ambitious person wanted for full time position. Call weekdays for interview. Excellent benefits, paid vacation, pleasant working conditions. Must be dependable with own transportation. References required. Apply in person or send resume.
Ambitious person wanted for full time position. Call weekdays for interview. Excellent benefits, paid vacation, pleasant working conditions. Must be dependable with own transportation. References required. Apply in person or send resume.
Ambitious person wanted for full time position. Call weekdays for interview. Excellent benefits, paid vacation, pleasant working conditions. Must be dependable with own transportation. References required. Apply in person or send resume.
Ambitious person wanted for full time position. Call weekdays for interview. Excellent benefits, paid vacation, pleasant working conditions. Must be dependable with own transportation. References required. Apply in person or send resume.
Ambitious person wanted for full time position. Call weekdays for interview. Excellent benefits, paid vacation, pleasant working conditions. Must be dependable with own transportation. References required. Apply in person or send resume.
Ambitious person wanted for full time position. Call weekdays for interview. Excellent benefits, paid vacation, pleasant working conditions. Must be dependable with own transportation. References required. Apply in person or send resume.
Ambitious person wanted for full time position. Call weekdays for interview. Excellent benefits, paid vacation, pleasant working conditions. Must be dependable with own transportation. References required. Apply in person or send resume.
Ambitious person wanted for full time position. Call weekdays for interview. Excellent benefits, paid vacation, pleasant working conditions. Must be dependable with own transportation. References required. Apply in person or send resume.
Ambitious person wanted for full time position. Call weekdays for interview. Excellent benefits, paid vacation, pleasant working conditions. Must be dependable with own transportation. References required. Apply in person or send resume.
Ambitious person wanted for full time position. Call weekdays for interview. Excellent benefits, paid vacation, pleasant working conditions. Must be dependable with own transportation. References required. Apply in person or send resume.
Ambitious person wanted for full time position. Call weekdays for interview. Excellent benefits, paid vacation, pleasant working conditions. Must be dependable with own transportation. References required. Apply in person or send resume.
Ambitious person wanted for full time position. Call weekdays for interview. Excellent benefits, paid vacation, pleasant working conditions. Must be dependable with own transportation. References required. Apply in person or send resume.
Ambitious person wanted for full time position. Call weekdays for interview. Excellent benefits, paid vacation, pleasant working conditions. Must be dependable with own transportation. References required. Apply in person or send resume.
Ambitious person wanted for full time position. Call weekdays for interview. Excellent benefits, paid vacation, pleasant working conditions. Must be dependable with own transportation. References required. Apply in person or send resume.
515 Child Care
Ambitious person wanted for full time position. Call weekdays for interview. Excellent benefits, paid vacation, pleasant working conditions. Must be dependable with own transportation. References required. Apply in person or send resume.
Ambitious person wanted for full time position. Call weekdays for interview. Excellent benefits, paid vacation, pleasant working conditions. Must be dependable with own transportation. References required. Apply in person or send resume.
Ambitious person wanted for full time position. Call weekdays for interview. Excellent benefits, paid vacation, pleasant working conditions. Must be dependable with own transportation. References required. Apply in person or send resume.
Ambitious person wanted for full time position. Call weekdays for interview. Excellent benefits, paid vacation, pleasant working conditions. Must be dependable with own transportation. References required. Apply in person or send resume.
Ambitious person wanted for full time position. Call weekdays for interview. Excellent benefits, paid vacation, pleasant working conditions. Must be dependable with own transportation. References required. Apply in person or send resume.
Ambitious person wanted for full time position. Call weekdays for interview. Excellent benefits, paid vacation, pleasant working conditions. Must be dependable with own transportation. References required. Apply in person or send resume.
Ambitious person wanted for full time position. Call weekdays for interview. Excellent benefits, paid vacation, pleasant working conditions. Must be dependable with own transportation. References required. Apply in person or send resume.
Ambitious person wanted for full time position. Call weekdays for interview. Excellent benefits, paid vacation, pleasant working conditions. Must be dependable with own transportation. References required. Apply in person or send resume.
Ambitious person wanted for full time position. Call weekdays for interview. Excellent benefits, paid vacation, pleasant working conditions. Must be dependable with own transportation. References required. Apply in person or send resume.
Ambitious person wanted for full time position. Call weekdays for interview. Excellent benefits, paid vacation, pleasant working conditions. Must be dependable with own transportation. References required. Apply in person or send resume.
Ambitious person wanted for full time position. Call weekdays for interview. Excellent benefits, paid vacation, pleasant working conditions. Must be dependable with own transportation. References required. Apply in person or send resume.
Ambitious person wanted for full time position. Call weekdays for interview. Excellent benefits, paid vacation, pleasant working conditions. Must be dependable with own transportation. References required. Apply in person or send resume.
Ambitious person wanted for full time position. Call weekdays for interview. Excellent benefits, paid vacation, pleasant working conditions. Must be dependable with own transportation. References required. Apply in person or send resume.
Ambitious person wanted for full time position. Call weekdays for interview. Excellent benefits, paid vacation, pleasant working conditions. Must be dependable with own transportation. References required. Apply in person or send resume.
516 Elderly Care & Assistance
Ambitious person wanted for full time position. Call weekdays for interview. Excellent benefits, paid vacation, pleasant working conditions. Must be dependable with own transportation. References required. Apply in person or send resume.
Ambitious person wanted for full time position. Call weekdays for interview. Excellent benefits, paid vacation, pleasant working conditions. Must be dependable with own transportation. References required. Apply in person or send resume.
Ambitious person wanted for full time position. Call weekdays for interview. Excellent benefits, paid vacation, pleasant working conditions. Must be dependable with own transportation. References required. Apply in person or send resume.
518 Education & Instruction
Ambitious person wanted for full time position. Call weekdays for interview. Excellent benefits, paid vacation, pleasant working conditions. Must be dependable with own transportation. References required. Apply in person or send resume.
Ambitious person wanted for full time position. Call weekdays for interview. Excellent benefits, paid vacation, pleasant working conditions. Must be dependable with own transportation. References required. Apply in person or send resume.
Ambitious person wanted for full time position. Call weekdays for interview. Excellent benefits, paid vacation, pleasant working conditions. Must be dependable with own transportation. References required. Apply in person or send resume.
TRAVEL AGENT CAREER
ELLIOTT TRAVEL SCHOOL
Low Cost Classes
CALL 544-2660
TAYLOR COMMUNITY EDUCATION
443-5054
520 Secretarial & Business Services
Ambitious person wanted for full time position. Call weekdays for interview. Excellent benefits, paid vacation, pleasant working conditions. Must be dependable with own transportation. References required. Apply in person or send resume.
Ambitious person wanted for full time position. Call weekdays for interview. Excellent benefits, paid vacation, pleasant working conditions. Must be dependable with own transportation. References required. Apply in person or send resume.
522 Professional Services
Ambitious person wanted for full time position. Call weekdays for interview. Excellent benefits, paid vacation, pleasant working conditions. Must be dependable with own transportation. References required. Apply in person or send resume.
Ambitious person wanted for full time position. Call weekdays for interview. Excellent benefits, paid vacation, pleasant working conditions. Must be dependable with own transportation. References required. Apply in person or send resume.
Ambitious person wanted for full time position. Call weekdays for interview. Excellent benefits, paid vacation, pleasant working conditions. Must be dependable with own transportation. References required. Apply in person or send resume.
Ambitious person wanted for full time position. Call weekdays for interview. Excellent benefits, paid vacation, pleasant working conditions. Must be dependable with own transportation. References required. Apply in person or send resume.
Ambitious person wanted for full time position. Call weekdays for interview. Excellent benefits, paid vacation, pleasant working conditions. Must be dependable with own transportation. References required. Apply in person or send resume.
Ambitious person wanted for full time position. Call weekdays for interview. Excellent benefits, paid vacation, pleasant working conditions. Must be dependable with own transportation. References required. Apply in person or send resume.
Ambitious person wanted for full time position. Call weekdays for interview. Excellent benefits, paid vacation, pleasant working conditions. Must be dependable with own transportation. References required. Apply in person or send resume.
Ambitious person wanted for full time position. Call weekdays for interview. Excellent benefits, paid vacation, pleasant working conditions. Must be dependable with own transportation. References required. Apply in person or send resume.
Ambitious person wanted for full time position. Call weekdays for interview. Excellent benefits, paid vacation, pleasant working conditions. Must be dependable with own transportation. References required. Apply in person or send resume.
Ambitious person wanted for full time position. Call weekdays for interview. Excellent benefits, paid vacation, pleasant working conditions. Must be dependable with own transportation. References required. Apply in person or send resume.
Ambitious person wanted for full time position. Call weekdays for interview. Excellent benefits, paid vacation, pleasant working conditions. Must be dependable with own transportation. References required. Apply in person or send resume.
Ambitious person wanted for full time position. Call weekdays for interview. Excellent benefits, paid vacation, pleasant working conditions. Must be dependable with own transportation. References required. Apply in person or send resume.
Ambitious person wanted for full time position. Call weekdays for interview. Excellent benefits, paid vacation, pleasant working conditions. Must be dependable with own transportation. References required. Apply in person or send resume.
Ambitious person wanted for full time position. Call weekdays for interview. Excellent benefits, paid vacation, pleasant working conditions. Must be dependable with own transportation. References required. Apply in person or send resume.
Ambitious person wanted for full time position. Call weekdays for interview. Excellent benefits, paid vacation, pleasant working conditions. Must be dependable with own transportation. References required. Apply in person or send resume.
Ambitious person wanted for full time position. Call weekdays for interview. Excellent benefits, paid vacation, pleasant working conditions. Must be dependable with own transportation. References required. Apply in person or send resume.
Ambitious person wanted for full time position. Call weekdays for interview. Excellent benefits, paid vacation, pleasant working conditions. Must be dependable with own transportation. References required. Apply in person or send resume.
Ambitious person wanted for full time position. Call weekdays for interview. Excellent benefits, paid vacation, pleasant working conditions. Must be dependable with own transportation. References required. Apply in person or send resume.
Ambitious person wanted for full time position. Call weekdays for interview. Excellent benefits, paid vacation, pleasant working conditions. Must be dependable with own transportation. References required. Apply in person or send resume.
Ambitious person wanted for full time position. Call weekdays for interview. Excellent benefits, paid vacation, pleasant working conditions. Must be dependable with own transportation. References required. Apply in person or send resume.
Ambitious person wanted for full time position. Call weekdays for interview. Excellent benefits, paid vacation, pleasant working conditions. Must be dependable with own transportation. References required. Apply in person or send resume.
Ambitious person wanted for full time position. Call weekdays for interview. Excellent benefits, paid vacation, pleasant working conditions. Must be dependable with own transportation. References required. Apply in person or send resume.
Ambitious person wanted for full time position. Call weekdays for interview. Excellent benefits, paid vacation, pleasant working conditions. Must be dependable with own transportation. References required. Apply in person or send resume.
Ambitious person wanted for full time position. Call weekdays for interview. Excellent benefits, paid vacation, pleasant working conditions. Must be dependable with own transportation. References required. Apply in person or send resume.
Ambitious person wanted for full time position. Call weekdays for interview. Excellent benefits, paid vacation, pleasant working conditions. Must be dependable with own transportation. References required. Apply in person or send resume.
Ambitious person wanted for full time position. Call weekdays for interview. Excellent benefits, paid vacation, pleasant working conditions. Must be dependable with own transportation. References required. Apply in person or send resume.
Ambitious person wanted for full time position. Call weekdays for interview. Excellent benefits, paid vacation, pleasant working conditions. Must be dependable with own transportation. References required. Apply in person or send resume.
Ambitious person wanted for full time position. Call weekdays for interview. Excellent benefits, paid vacation, pleasant working conditions. Must be dependable with own transportation. References required. Apply in person or send resume.
Ambitious person wanted for full time position. Call weekdays for interview. Excellent benefits, paid vacation, pleasant working conditions. Must be dependable with own transportation. References required. Apply in person or send resume.
Ambitious person wanted for full time position. Call weekdays for interview. Excellent benefits, paid vacation, pleasant working conditions. Must be dependable with own transportation. References required. Apply in person or send resume.
Ambitious person wanted for full time position. Call weekdays for interview. Excellent benefits, paid vacation, pleasant working conditions. Must be dependable with own transportation. References required. Apply in person or send resume.
Ambitious person wanted for full time position. Call weekdays for interview. Excellent benefits, paid vacation, pleasant working conditions. Must be dependable with own transportation. References required. Apply in person or send resume.
Ambitious person wanted for full time position. Call weekdays for interview. Excellent benefits, paid vacation, pleasant working conditions. Must be dependable with own transportation. References required. Apply in person or send resume.
Ambitious person wanted for full time position. Call weekdays for interview. Excellent benefits, paid vacation, pleasant working conditions. Must be dependable with own transportation. References required. Apply in person or send resume.
Ambitious person wanted for full time position. Call weekdays for interview. Excellent benefits, paid vacation, pleasant working conditions. Must be dependable with own transportation. References required. Apply in person or send resume.
Ambitious person wanted for full time position. Call weekdays for interview. Excellent benefits, paid vacation, pleasant working conditions. Must be dependable with own transportation. References required. Apply in person or send resume.
Ambitious person wanted for full time position. Call weekdays for interview. Excellent benefits, paid vacation, pleasant working conditions. Must be dependable with own transportation. References required. Apply in person or send resume.
Ambitious person wanted for full time position. Call weekdays for interview. Excellent benefits, paid vacation, pleasant working conditions. Must be dependable with own transportation. References required. Apply in person or send resume.
Ambitious person wanted for full time position. Call weekdays for interview. Excellent benefits, paid vacation, pleasant working conditions. Must be dependable with own transportation. References required. Apply in person or send resume.
Ambitious person wanted for full time position. Call weekdays for interview. Excellent benefits, paid vacation, pleasant working conditions. Must be dependable with own transportation. References required. Apply in person or send resume.
Ambitious person wanted for full time position. Call weekdays for interview. Excellent benefits, paid vacation, pleasant working conditions. Must be dependable with own transportation. References required. Apply in person or send resume.
Ambitious person wanted for full time position. Call weekdays for interview. Excellent benefits, paid vacation, pleasant working conditions. Must be dependable with own transportation. References required. Apply in person or send resume.
522 Professional Services
Ambitious person wanted for full time position. Call weekdays for interview. Excellent benefits, paid vacation, pleasant working conditions. Must be dependable with own transportation. References required. Apply in person or send resume.
Ambitious person wanted for full time position. Call weekdays for interview. Excellent benefits, paid vacation, pleasant working conditions. Must be dependable with own transportation. References required. Apply in person or send resume.
523 Attorneys Legal Counseling
Alimony, Family Support & Custody Divorce
Rudick & Cherakor 559-6776, 525-2323
600 Personals
Ambitious person wanted for full time position. Call weekdays for interview. Excellent benefits, paid vacation, pleasant working conditions. Must be dependable with own transportation. References required. Apply in person or send resume.
Ambitious person wanted for full time position. Call weekdays for interview. Excellent benefits, paid vacation, pleasant working conditions. Must be dependable with own transportation. References required. Apply in person or send resume.
Ambitious person wanted for full time position. Call weekdays for interview. Excellent benefits, paid vacation, pleasant working conditions. Must be dependable with own transportation. References required. Apply in person or send resume.
602 Lost & Found
Ambitious person wanted for full time position. Call weekdays for interview. Excellent benefits, paid vacation, pleasant working conditions. Must be dependable with own transportation. References required. Apply in person or send resume.
Ambitious person wanted for full time position. Call weekdays for interview. Excellent benefits, paid vacation, pleasant working conditions. Must be dependable with own transportation. References required. Apply in person or send resume.
Ambitious person wanted for full time position. Call weekdays for interview. Excellent benefits, paid vacation, pleasant working conditions. Must be dependable with own transportation. References required. Apply in person or send resume.
Ambitious person wanted for full time position. Call weekdays for interview. Excellent benefits, paid vacation, pleasant working conditions. Must be dependable with own transportation. References required. Apply in person or send resume.
Ambitious person wanted for full time position. Call weekdays for interview. Excellent benefits, paid vacation, pleasant working conditions. Must be dependable with own transportation. References required. Apply in person or send resume.
Ambitious person wanted for full time position. Call weekdays for interview. Excellent benefits, paid vacation, pleasant working conditions. Must be dependable with own transportation. References required. Apply in person or send resume.
603 Health - Nutrition Weight Loss
Ambitious person wanted for full time position. Call weekdays for interview. Excellent benefits, paid vacation, pleasant working conditions. Must be dependable with own transportation. References required. Apply in person or send resume.
Ambitious person wanted for full time position. Call weekdays for interview. Excellent benefits, paid vacation, pleasant working conditions. Must be dependable with own transportation. References required. Apply in person or send resume.
Ambitious person wanted for full time position. Call weekdays for interview. Excellent benefits, paid vacation, pleasant working conditions. Must be dependable with own transportation. References required. Apply in person or send resume.
604 Announcements Notices
Ambitious person wanted for full time position. Call weekdays for interview. Excellent benefits, paid vacation, pleasant working conditions. Must be dependable with own transportation. References required. Apply in person or send resume.
Ambitious person wanted for full time position. Call weekdays for interview. Excellent benefits, paid vacation, pleasant working conditions. Must be dependable with own transportation. References required. Apply in person or send resume.
607 Insurance
Ambitious person wanted for full time position. Call weekdays for interview. Excellent benefits, paid vacation, pleasant working conditions. Must be dependable with own transportation. References required. Apply in person or send resume.
608 Transportation & Travel
Ambitious person wanted for full time position. Call weekdays for interview. Excellent benefits, paid vacation, pleasant working conditions. Must be dependable with own transportation. References required. Apply in person or send resume.
700 Auction Sales
Ambitious person wanted for full time position. Call weekdays for interview. Excellent benefits, paid vacation, pleasant working conditions. Must be dependable with own transportation. References required. Apply in person or send resume.
Ambitious person wanted for full time position. Call weekdays for interview. Excellent benefits, paid vacation, pleasant working conditions. Must be dependable with own transportation. References required. Apply in person or send resume.
Ambitious person wanted for full time position. Call weekdays for interview. Excellent benefits, paid vacation, pleasant working conditions. Must be dependable with own transportation. References required. Apply in person or send resume.
Ambitious person wanted for full time position. Call weekdays for interview. Excellent benefits, paid vacation, pleasant working conditions. Must be dependable with own transportation. References required. Apply in person or send resume.
Ambitious person wanted for full time position. Call weekdays for interview. Excellent benefits, paid vacation, pleasant working conditions. Must be dependable with own transportation. References required. Apply in person or send resume.
Ambitious person wanted for full time position. Call weekdays for interview. Excellent benefits, paid vacation, pleasant working conditions. Must be dependable with own transportation. References required. Apply in person or send resume.
Ambitious person wanted for full time position. Call weekdays for interview. Excellent benefits, paid vacation, pleasant working conditions. Must be dependable with own transportation. References required. Apply in person or send resume.
Ambitious person wanted for full time position. Call weekdays for interview. Excellent benefits, paid vacation, pleasant working conditions. Must be dependable with own transportation. References required. Apply in person or send resume.
Ambitious person wanted for full time position. Call weekdays for interview. Excellent benefits, paid vacation, pleasant working conditions. Must be dependable with own transportation. References required. Apply in person or send resume.
Ambitious person wanted for full time position. Call weekdays for interview. Excellent benefits, paid vacation, pleasant working conditions. Must be dependable with own transportation. References required. Apply in person or send resume.
Ambitious person wanted for full time position. Call weekdays for interview. Excellent benefits, paid vacation, pleasant working conditions. Must be dependable with own transportation. References required. Apply in person or send resume.
Ambitious person wanted for full time position. Call weekdays for interview. Excellent benefits, paid vacation, pleasant working conditions. Must be dependable with own transportation. References required. Apply in person or send resume.
Ambitious person wanted for full time position. Call weekdays for interview. Excellent benefits, paid vacation, pleasant working conditions. Must be dependable with own transportation. References required. Apply in person or send resume.
Ambitious person wanted for full time position. Call weekdays for interview. Excellent benefits, paid vacation, pleasant working conditions. Must be dependable with own transportation. References required. Apply in person or send resume.
Ambitious person wanted for full time position. Call weekdays for interview. Excellent benefits, paid vacation, pleasant working conditions. Must be dependable with own transportation. References required. Apply in person or send resume.
Ambitious person wanted for full time position. Call weekdays for interview. Excellent benefits, paid vacation, pleasant working conditions. Must be dependable with own transportation. References required. Apply in person or send resume.
Ambitious person wanted for full time position. Call weekdays for interview. Excellent benefits, paid vacation, pleasant working conditions. Must be dependable with own transportation. References required. Apply in person or send resume.
Ambitious person wanted for full time position. Call weekdays for interview. Excellent benefits, paid vacation, pleasant working conditions. Must be dependable with own transportation. References required. Apply in person or send resume.
Ambitious person wanted for full time position. Call weekdays for interview. Excellent benefits, paid vacation, pleasant working conditions. Must be dependable with own transportation. References required. Apply in person or send resume.
Ambitious person wanted for full time position. Call weekdays for interview. Excellent benefits, paid vacation, pleasant working conditions. Must be dependable with own transportation. References required. Apply in person or send resume.
Ambitious person wanted for full time position. Call weekdays for interview. Excellent benefits, paid vacation, pleasant working conditions. Must be dependable with own transportation. References required. Apply in person or send resume.
Ambitious person wanted for full time position. Call weekdays for interview. Excellent benefits, paid vacation, pleasant working conditions. Must be dependable with own transportation. References required. Apply in person or send resume.
Ambitious person wanted for full time position. Call weekdays for interview. Excellent benefits, paid vacation, pleasant working conditions. Must be dependable with own transportation. References required. Apply in person or send resume.
Ambitious person wanted for full time position. Call weekdays for interview. Excellent benefits, paid vacation, pleasant working conditions. Must be dependable with own transportation. References required. Apply in person or send resume.
Ambitious person wanted for full time position. Call weekdays for interview. Excellent benefits, paid vacation, pleasant working conditions. Must be dependable with own transportation. References required. Apply in person or send resume.
Ambitious person wanted for full time position. Call weekdays for interview. Excellent benefits, paid vacation, pleasant working conditions. Must be dependable with own transportation. References required. Apply in person or send resume.
Ambitious person wanted for full time position. Call weekdays for interview. Excellent benefits, paid vacation, pleasant working conditions. Must be dependable with own transportation. References required. Apply in person or send resume.
Ambitious person wanted for full time position. Call weekdays for interview. Excellent benefits, paid vacation, pleasant working conditions. Must be dependable with own transportation. References required. Apply in person or send resume.
Ambitious person wanted for full time position. Call weekdays for interview. Excellent benefits, paid vacation, pleasant working conditions. Must be dependable with own transportation. References required. Apply in person or send resume.
700 Auction Sales
Ambitious person wanted for full time position. Call weekdays for interview. Excellent benefits, paid vacation, pleasant working conditions. Must be dependable with own transportation. References required. Apply in person or send resume.
Ambitious person wanted for full time position. Call weekdays for interview. Excellent benefits, paid vacation, pleasant working conditions. Must be dependable with own transportation. References required. Apply in person or send resume.
Ambitious person wanted for full time position. Call weekdays for interview. Excellent benefits, paid vacation, pleasant working conditions. Must be dependable with own transportation. References required. Apply in person or send resume.
701 Collectibles
Ambitious person wanted for full time position. Call weekdays for interview. Excellent benefits, paid vacation, pleasant working conditions. Must be dependable with own transportation. References required. Apply in person or send resume.
Ambitious person wanted for full time position. Call weekdays for interview. Excellent benefits, paid vacation, pleasant working conditions. Must be dependable with own transportation. References required. Apply in person or send resume.
702 Antiques
Ambitious person wanted for full time position. Call weekdays for interview. Excellent benefits, paid vacation, pleasant working conditions. Must be dependable with own transportation. References required. Apply in person or send resume.
Ambitious person wanted for full time position. Call weekdays for interview. Excellent benefits, paid vacation, pleasant working conditions. Must be dependable with own transportation. References required. Apply in person or send resume.
Ambitious person wanted for full time position. Call weekdays for interview. Excellent benefits, paid vacation, pleasant working conditions. Must be dependable with own transportation. References required. Apply in person or send resume.
Ambitious person wanted for full time position. Call weekdays for interview. Excellent benefits, paid vacation, pleasant working conditions. Must be dependable with own transportation. References required. Apply in person or send resume.
Ambitious person wanted for full time position. Call weekdays for interview. Excellent benefits, paid vacation, pleasant working conditions. Must be dependable with own transportation. References required. Apply in person or send resume.
COUNTRY IN THE INN
Ambitious person wanted for full time position. Call weekdays for interview. Excellent benefits, paid vacation, pleasant working conditions. Must be dependable with own transportation. References required. Apply in person or send resume.
DEALERS WANTED
Ambitious person wanted for full time position. Call weekdays for interview. Excellent benefits, paid vacation, pleasant working conditions. Must be dependable with own transportation. References required. Apply in person or send resume.
Ambitious person wanted for full time position. Call weekdays for interview. Excellent benefits, paid vacation, pleasant working conditions. Must be dependable with own transportation. References required. Apply in person or send resume.
COUNTRY FOLK ART SHOW
October 28 & 29
703 Crafts
Ambitious person wanted for full time position. Call weekdays for interview. Excellent benefits, paid vacation, pleasant working conditions. Must be dependable with own transportation. References required. Apply in person or send resume.
Ambitious person wanted for full time position. Call weekdays for interview. Excellent benefits, paid vacation, pleasant working conditions. Must be dependable with own transportation. References required. Apply in person or send resume.
704 Rummage Sales Flea Markets
Ambitious person wanted for full time position. Call weekdays for interview. Excellent benefits, paid vacation, pleasant working conditions. Must be dependable with own transportation. References required. Apply in person or send resume.
ST. JOHN BOSCO CHURCH RUMMAGE SALE
705 Wearing Apparel
Ambitious person wanted for full time position. Call weekdays for interview. Excellent benefits, paid vacation, pleasant working conditions. Must be dependable with own transportation. References required. Apply in person or send resume.
Ambitious person wanted for full time position. Call weekdays for interview. Excellent benefits, paid vacation, pleasant working conditions. Must be dependable with own transportation. References required. Apply in person or send resume.
Ambitious person wanted for full time position. Call weekdays for interview. Excellent benefits, paid vacation, pleasant working conditions. Must be dependable with own transportation. References required. Apply in person or send resume.
Ambitious person wanted for full time position. Call weekdays for interview. Excellent benefits, paid vacation, pleasant working conditions. Must be dependable with own transportation. References required. Apply in person or send resume.
Ambitious person wanted for full time position. Call weekdays for interview. Excellent benefits, paid vacation, pleasant working conditions. Must be dependable with own transportation. References required. Apply in person or send resume.
Ambitious person wanted for full time position. Call weekdays for interview. Excellent benefits, paid vacation, pleasant working conditions. Must be dependable with own transportation. References required. Apply in person or send resume.
Ambitious person wanted for full time position. Call weekdays for interview. Excellent benefits, paid vacation, pleasant working conditions. Must be dependable with own transportation. References required. Apply in person or send resume.
Ambitious person wanted for full time position. Call weekdays for interview. Excellent benefits, paid vacation, pleasant working conditions. Must be dependable with own transportation. References required. Apply in person or send resume.
Ambitious person wanted for full time position. Call weekdays for interview. Excellent benefits, paid vacation, pleasant working conditions. Must be dependable with own transportation. References required. Apply in person or send resume.
Ambitious person wanted for full time position. Call weekdays for interview. Excellent benefits, paid vacation, pleasant working conditions. Must be dependable with own transportation. References required. Apply in person or send resume.
Ambitious person wanted for full time position. Call weekdays for interview. Excellent benefits, paid vacation, pleasant working conditions. Must be dependable with own transportation. References required. Apply in person or send resume.
Ambitious person wanted for full time position. Call weekdays for interview. Excellent benefits, paid vacation, pleasant working conditions. Must be dependable with own transportation. References required. Apply in person or send resume.
Ambitious person wanted for full time position. Call weekdays for interview. Excellent benefits, paid vacation, pleasant working conditions. Must be dependable with own transportation. References required. Apply in person or send resume.
Ambitious person wanted for full time position. Call weekdays for interview. Excellent benefits, paid vacation, pleasant working conditions. Must be dependable with own transportation. References required. Apply in person or send resume.
Ambitious person wanted for full time position. Call weekdays for interview. Excellent benefits, paid vacation, pleasant working conditions. Must be dependable with own transportation. References required. Apply in person or send resume.
Ambitious person wanted for full time position. Call weekdays for interview. Excellent benefits, paid vacation, pleasant working conditions. Must be dependable with own transportation. References required. Apply in person or send resume.
Ambitious person wanted for full time position. Call weekdays for interview. Excellent benefits, paid vacation, pleasant working conditions. Must be dependable with own transportation. References required. Apply in person or send resume.
Ambitious person wanted for full time position. Call weekdays for interview. Excellent benefits, paid vacation, pleasant working conditions. Must be dependable with own transportation. References required. Apply in person or send resume.
Ambitious person wanted for full time position. Call weekdays for interview. Excellent benefits, paid vacation, pleasant working conditions. Must be dependable with own transportation. References required. Apply in person or send resume.
Ambitious person wanted for full time position. Call weekdays for interview. Excellent benefits, paid vacation, pleasant working conditions. Must be dependable with own transportation. References required. Apply in person or send resume.
705 Wearing Apparel
Ambitious person wanted for full time position. Call weekdays for interview. Excellent benefits, paid vacation, pleasant working conditions. Must be dependable with own transportation. References required. Apply in person or send resume.
Ambitious person wanted for full time position. Call weekdays for interview. Excellent benefits, paid vacation, pleasant working conditions. Must be dependable with own transportation. References required. Apply in person or send resume.
Ambitious person wanted for full time position. Call weekdays for interview. Excellent benefits, paid vacation, pleasant working conditions. Must be dependable with own transportation. References required. Apply in person or send resume.
Ambitious person wanted for full time position. Call weekdays for interview. Excellent benefits, paid vacation, pleasant working conditions. Must be dependable with own transportation. References required. Apply in person or send resume.
Ambitious person wanted for full time position. Call weekdays for interview. Excellent benefits, paid vacation, pleasant working conditions. Must be dependable with own transportation. References required. Apply in person or send resume.
706 Garage Sales: Oakland
Ambitious person wanted for full time position. Call weekdays for interview. Excellent benefits, paid vacation, pleasant working conditions. Must be dependable with own transportation. References required. Apply in person or send resume.
Ambitious person wanted for full time position. Call weekdays for interview. Excellent benefits, paid vacation, pleasant working conditions. Must be dependable with own transportation. References required. Apply in person or send resume.
Ambitious person wanted for full time position. Call weekdays for interview. Excellent benefits, paid vacation, pleasant working conditions. Must be dependable with own transportation. References required. Apply in person or send resume.
Ambitious person wanted for full time position. Call weekdays for interview. Excellent benefits, paid vacation, pleasant working conditions. Must be dependable with own transportation. References required. Apply in person or send resume.
707 Garage Sales: Wayne
Ambitious person wanted for full time position. Call weekdays for interview. Excellent benefits, paid vacation, pleasant working conditions. Must be dependable with own transportation. References required. Apply in person or send resume.
Ambitious person wanted for full time position. Call weekdays for interview. Excellent benefits, paid vacation, pleasant working conditions. Must be dependable with own transportation. References required. Apply in person or send resume.
Ambitious person wanted for full time position. Call weekdays for interview. Excellent benefits, paid vacation, pleasant working conditions. Must be dependable with own transportation. References required. Apply in person or send resume.
Ambitious person wanted for full time position. Call weekdays for interview. Excellent benefits, paid vacation, pleasant working conditions. Must be dependable with own transportation. References required. Apply in person or send resume.
708 Household Goods Oakland County
Ambitious person wanted for full time position. Call weekdays for interview. Excellent benefits, paid vacation, pleasant working conditions. Must be dependable with own transportation. References required. Apply in person or send resume.
Ambitious person wanted for full time position. Call weekdays for interview. Excellent benefits, paid vacation, pleasant working conditions. Must be dependable with own transportation. References required. Apply in person or send resume.
AUTOMATIC ZIG-ZAG SEWING MACHINE
UNIVERSAL SEWING CENTER 674-0439
708 Household Goods Oakland County
Ambitious person wanted for full time position. Call weekdays for interview. Excellent benefits, paid vacation, pleasant working conditions. Must be dependable with own transportation. References required. Apply in person or send resume.
Ambitious person wanted for full time position. Call weekdays for interview. Excellent benefits, paid vacation, pleasant working conditions. Must be dependable with own transportation. References required. Apply in person or send resume.
Ambitious person wanted for full time position. Call weekdays for interview. Excellent benefits, paid vacation, pleasant working conditions. Must be dependable with own transportation. References required. Apply in person or send resume.
Ambitious person wanted for full time position. Call weekdays for interview. Excellent benefits, paid vacation, pleasant working conditions. Must be dependable with own transportation. References required. Apply in person or send resume.
709 Household Goods Wayne County
Ambitious person wanted for full time position. Call weekdays for interview. Excellent benefits, paid vacation, pleasant working conditions. Must be dependable with own transportation. References required. Apply in person or send resume.
Ambitious person wanted for full time position. Call weekdays for interview. Excellent benefits, paid vacation, pleasant working conditions. Must be dependable with own transportation. References required. Apply in person or send resume.
Ambitious person wanted for full time position. Call weekdays for interview. Excellent benefits, paid vacation, pleasant working conditions. Must be dependable with own transportation. References required. Apply in person or send resume.
Ambitious person wanted for full time position. Call weekdays for interview. Excellent benefits, paid vacation, pleasant working conditions. Must be dependable with own transportation. References required. Apply in person or send resume.
Ambitious person wanted for full time position. Call weekdays for interview. Excellent benefits, paid vacation, pleasant working conditions. Must be dependable with own transportation. References required. Apply in person or send resume.
Ambitious person wanted for full time position. Call weekdays for interview. Excellent benefits, paid vacation, pleasant working conditions. Must be dependable with own transportation. References required. Apply in person or send resume.
Ambitious person wanted for full time position. Call weekdays for interview. Excellent benefits, paid vacation, pleasant working conditions. Must be dependable with own transportation. References required. Apply in person or send resume.
Ambitious person wanted for full time position. Call weekdays for interview. Excellent benefits, paid vacation, pleasant working conditions. Must be dependable with own transportation. References required. Apply in person or send resume.
Ambitious person wanted for full time position. Call weekdays for interview. Excellent benefits, paid vacation, pleasant working conditions. Must be dependable with own transportation. References required. Apply in person or send resume.
Ambitious person wanted for full time position. Call weekdays for interview. Excellent benefits, paid vacation, pleasant working conditions. Must be dependable with own transportation. References required. Apply in person or send resume.
Ambitious person wanted for full time position. Call weekdays for interview. Excellent benefits, paid vacation, pleasant working conditions. Must be dependable with own transportation. References required. Apply in person or send resume.
Ambitious person wanted for full time position. Call weekdays for interview. Excellent benefits, paid vacation, pleasant working conditions. Must be dependable with own transportation. References required. Apply in person or send resume.
Ambitious person wanted for full time position. Call weekdays for interview. Excellent benefits, paid vacation, pleasant working conditions. Must be dependable with own transportation. References required. Apply in person or send resume.
Ambitious person wanted for full time position. Call weekdays for interview. Excellent benefits, paid vacation, pleasant working conditions. Must be dependable with own transportation. References required. Apply in person or send resume.
708 Household Goods Oakland County
Ambitious person wanted for full time position. Call weekdays for interview. Excellent benefits, paid vacation, pleasant working conditions. Must be dependable with own transportation. References required. Apply in person or send resume.
Ambitious person wanted for full time position. Call weekdays for interview. Excellent benefits, paid vacation, pleasant working conditions. Must be dependable with own transportation. References required. Apply in person or send resume.
Ambitious person wanted for full time position. Call weekdays for interview. Excellent benefits, paid vacation, pleasant working conditions. Must be dependable with own transportation. References required. Apply in person or send resume.
Ambitious person wanted for full time position. Call weekdays for interview. Excellent benefits, paid vacation, pleasant working conditions. Must be dependable with own transportation. References required. Apply in person or send resume.
Ambitious person wanted for full time position. Call weekdays for interview. Excellent benefits, paid vacation, pleasant working conditions. Must be dependable with own transportation. References required. Apply in person or send resume.
Ambitious person wanted for full time position. Call weekdays for interview. Excellent benefits, paid vacation, pleasant working conditions. Must be dependable with own transportation. References required. Apply in person or send resume.
Ambitious person wanted for full time position. Call weekdays for interview. Excellent benefits, paid vacation, pleasant working conditions. Must be dependable with own transportation. References required. Apply in person or send resume.
Ambitious person wanted for full time position. Call weekdays for interview. Excellent benefits, paid vacation, pleasant working conditions. Must be dependable with own transportation. References required. Apply in person or send resume.
Ambitious person wanted for full time position. Call weekdays for interview. Excellent benefits, paid vacation, pleasant working conditions. Must be dependable with own transportation. References required. Apply in person or send resume.
ORIENTAL EXPRESS IMPORT OUTLET
SALES REP SAMPLE SALE
SINGER DELUXE MODEL PORTABLE
UNIVERSAL SEWING CENTER 674-0439
709 Household Goods Wayne County
Ambitious person wanted for full time position. Call weekdays for interview. Excellent benefits, paid vacation, pleasant working conditions. Must be dependable with own transportation. References required. Apply in person or send resume.
Ambitious person wanted for full time position. Call weekdays for interview. Excellent benefits, paid vacation, pleasant working conditions. Must be dependable with own transportation. References required. Apply in person or send resume.
Ambitious person wanted for full time position. Call weekdays for interview. Excellent benefits, paid vacation, pleasant working conditions. Must be dependable with own transportation. References required. Apply in person or send resume.
Ambitious person wanted for full time position. Call weekdays for interview. Excellent benefits, paid vacation, pleasant working conditions. Must be dependable with own transportation. References required. Apply in person or send resume.
Ambitious person wanted for full time position. Call weekdays for interview. Excellent benefits, paid vacation, pleasant working conditions. Must be dependable with own transportation. References required. Apply in person or send resume.
Ambitious person wanted for full time position. Call weekdays for interview. Excellent benefits, paid vacation, pleasant working conditions. Must be dependable with own transportation. References required. Apply in person or send resume.
Ambitious person wanted for full time position. Call weekdays for interview. Excellent benefits, paid vacation, pleasant working conditions. Must be dependable with own transportation. References required. Apply in person or send resume.
Ambitious person wanted for full time position. Call weekdays for interview. Excellent benefits, paid vacation, pleasant working conditions. Must be dependable with own transportation. References required. Apply in person or send resume.
Ambitious person wanted for full time position. Call weekdays for interview. Excellent benefits, paid vacation, pleasant working conditions. Must be dependable with own transportation. References required. Apply in person or send resume.
Ambitious person wanted for full time position. Call weekdays for interview. Excellent benefits, paid vacation, pleasant working conditions. Must be dependable with own transportation. References required. Apply in person or send resume.
Ambitious person wanted for full time position. Call weekdays for interview. Excellent benefits, paid vacation, pleasant working conditions. Must be dependable with own transportation. References required. Apply in person or send resume.
Ambitious person wanted for full time position. Call weekdays for interview. Excellent benefits, paid vacation, pleasant working conditions. Must be dependable with own transportation. References required. Apply in person or send resume.
Ambitious person wanted for full time position. Call weekdays for interview. Excellent benefits, paid vacation, pleasant working conditions. Must be dependable with own transportation. References required. Apply in person or send resume.
Ambitious person wanted for full time position. Call weekdays for interview. Excellent benefits, paid vacation, pleasant working conditions. Must be dependable with own transportation. References required. Apply in person or send resume.
Ambitious person wanted for full time position. Call weekdays for interview. Excellent benefits, paid vacation, pleasant working conditions. Must be dependable with own transportation. References required. Apply in person or send resume.
Ambitious person wanted for full time position. Call weekdays for interview. Excellent benefits, paid vacation, pleasant working conditions. Must be dependable with own transportation. References required. Apply in person or send resume.
Ambitious person wanted for full time position. Call weekdays for interview. Excellent benefits, paid vacation, pleasant working conditions. Must be dependable with own transportation. References required. Apply in person or send resume.
Ambitious person wanted for full time position. Call weekdays for interview. Excellent benefits, paid vacation, pleasant working conditions. Must be dependable with own transportation. References required. Apply in person or send resume.
Ambitious person wanted for full time position. Call weekdays for interview. Excellent benefits, paid vacation, pleasant working conditions. Must be dependable with own transportation. References required. Apply in person or send resume.
Ambitious person wanted for full time position. Call weekdays for interview. Excellent benefits, paid vacation, pleasant working conditions. Must be dependable with own transportation. References required. Apply in person or send resume.
Ambitious person wanted for full time position. Call weekdays for interview. Excellent benefits, paid vacation, pleasant working conditions. Must be dependable with own transportation. References required. Apply in person or send resume.
Ambitious person wanted for full time position. Call weekdays for interview. Excellent benefits, paid vacation, pleasant working conditions. Must be dependable with own transportation. References required. Apply in person or send resume.
Ambitious person wanted for full time position. Call weekdays for interview. Excellent benefits, paid vacation, pleasant working conditions. Must be dependable with own transportation. References required. Apply in person or send resume.
Ambitious person wanted for full time position. Call weekdays for interview. Excellent benefits, paid vacation, pleasant working conditions. Must be dependable with own transportation. References required. Apply in person or send resume.
709 Household Goods Wayne County
Ambitious person wanted for full time position. Call weekdays for interview. Excellent benefits, paid vacation, pleasant working conditions. Must be dependable with own transportation. References required. Apply in person or send resume.
Ambitious person wanted for full time position. Call weekdays for interview. Excellent benefits, paid vacation, pleasant working conditions. Must be dependable with own transportation. References required. Apply in person or send resume.
Ambitious person wanted for full time position. Call weekdays for interview. Excellent benefits, paid vacation, pleasant working conditions. Must be dependable with own transportation. References required. Apply in person or send resume.
Ambitious person wanted for full time position. Call weekdays for interview. Excellent benefits, paid vacation, pleasant working conditions. Must be dependable with own transportation. References required. Apply in person or send resume.
Ambitious person wanted for full time position. Call weekdays for interview. Excellent benefits, paid vacation, pleasant working conditions. Must be dependable with own transportation. References required. Apply in person or send resume.
Ambitious person wanted for full time position. Call weekdays for interview. Excellent benefits, paid vacation, pleasant working conditions. Must be dependable with own transportation. References required. Apply in person or send resume.
Ambitious person wanted for full time position. Call weekdays for interview. Excellent benefits, paid vacation, pleasant working conditions. Must be dependable with own transportation. References required. Apply in person or send resume.
Ambitious person wanted for full time position. Call weekdays for interview. Excellent benefits, paid vacation, pleasant working conditions. Must be dependable with own transportation. References required. Apply in person or send resume.
710 Misc. For Sale Oakland County
Ambitious person wanted for full time position. Call weekdays for interview. Excellent benefits, paid vacation, pleasant working conditions. Must be dependable with own transportation. References required. Apply in person or send resume.
Ambitious person wanted for full time position. Call weekdays for interview. Excellent benefits, paid vacation, pleasant working conditions. Must be dependable with own transportation. References required. Apply in person or send resume.
Ambitious person wanted for full time position. Call weekdays for interview. Excellent benefits, paid vacation, pleasant working conditions. Must be dependable with own transportation. References required. Apply in person or send resume.
Ambitious person wanted for full time position. Call weekdays for interview. Excellent benefits, paid vacation, pleasant working conditions. Must be dependable with own transportation. References required. Apply in person or send resume.
Ambitious person wanted for full time position. Call weekdays for interview. Excellent benefits, paid vacation, pleasant working conditions. Must be dependable with own transportation. References required. Apply in person or send resume.
711 Misc. For Sale Wayne County
Ambitious person wanted for full time position. Call weekdays for interview. Excellent benefits, paid vacation, pleasant working conditions. Must be dependable with own transportation. References required. Apply in person or send resume.
Ambitious person wanted for full time position. Call weekdays for interview. Excellent benefits, paid vacation, pleasant working conditions. Must be dependable with own transportation. References required. Apply in person or send resume.
Ambitious person wanted for full time position. Call weekdays for interview. Excellent benefits, paid vacation, pleasant working conditions. Must be dependable with own transportation. References required. Apply in person or send resume.
712 Appliances
Ambitious person wanted for full time position. Call weekdays for interview. Excellent benefits, paid vacation, pleasant working conditions. Must be dependable with own transportation. References required. Apply in person or send resume.
Ambitious person wanted for full time position. Call weekdays for interview. Excellent benefits, paid vacation, pleasant working conditions. Must be dependable with own transportation. References required. Apply in person or send resume.
Ambitious person wanted for full time position. Call weekdays for interview. Excellent benefits, paid vacation, pleasant working conditions. Must be dependable with own transportation. References required. Apply in person or send resume.
Ambitious person wanted for full time position. Call weekdays for interview. Excellent benefits, paid vacation, pleasant working conditions. Must be dependable with own transportation. References required. Apply in person or send resume.
Ambitious person wanted for full time position. Call weekdays for interview. Excellent benefits, paid vacation, pleasant working conditions. Must be dependable with own transportation. References required. Apply in person or send resume.
Ambitious person wanted for full time position. Call weekdays for interview. Excellent benefits, paid vacation, pleasant working conditions. Must be dependable with own transportation. References required. Apply in person or send resume.
Ambitious person wanted for full time position. Call weekdays for interview. Excellent benefits, paid vacation, pleasant working conditions. Must be dependable with own transportation. References required. Apply in person or send resume.
Ambitious person wanted for full time position. Call weekdays for interview. Excellent benefits, paid vacation, pleasant working conditions. Must be dependable with own transportation. References required. Apply in person or send resume.
Ambitious person wanted for full time position. Call weekdays for interview. Excellent benefits, paid vacation, pleasant working conditions. Must be dependable with own transportation. References required. Apply in person or send resume.
Ambitious person wanted for full time position. Call weekdays for interview. Excellent benefits, paid vacation, pleasant working conditions. Must be dependable with own transportation. References required. Apply in person or send resume.
Ambitious person wanted for full time position. Call weekdays for interview. Excellent benefits, paid vacation, pleasant working conditions. Must be dependable with own transportation. References required. Apply in person or send resume.
Ambitious person wanted for full time position. Call weekdays for interview. Excellent benefits, paid vacation, pleasant working conditions. Must be dependable with own transportation. References required. Apply in person or send resume.
Ambitious person wanted for full time position. Call weekdays for interview. Excellent benefits, paid vacation, pleasant working conditions. Must be dependable with own transportation. References required. Apply in person or send resume.
Ambitious person wanted for full time position. Call weekdays for interview. Excellent benefits, paid vacation, pleasant working conditions. Must be dependable with own transportation. References required. Apply in person or send resume.
Ambitious person wanted for full time position. Call weekdays for interview. Excellent benefits, paid vacation, pleasant working conditions. Must be dependable with own transportation. References required. Apply in person or send resume.
